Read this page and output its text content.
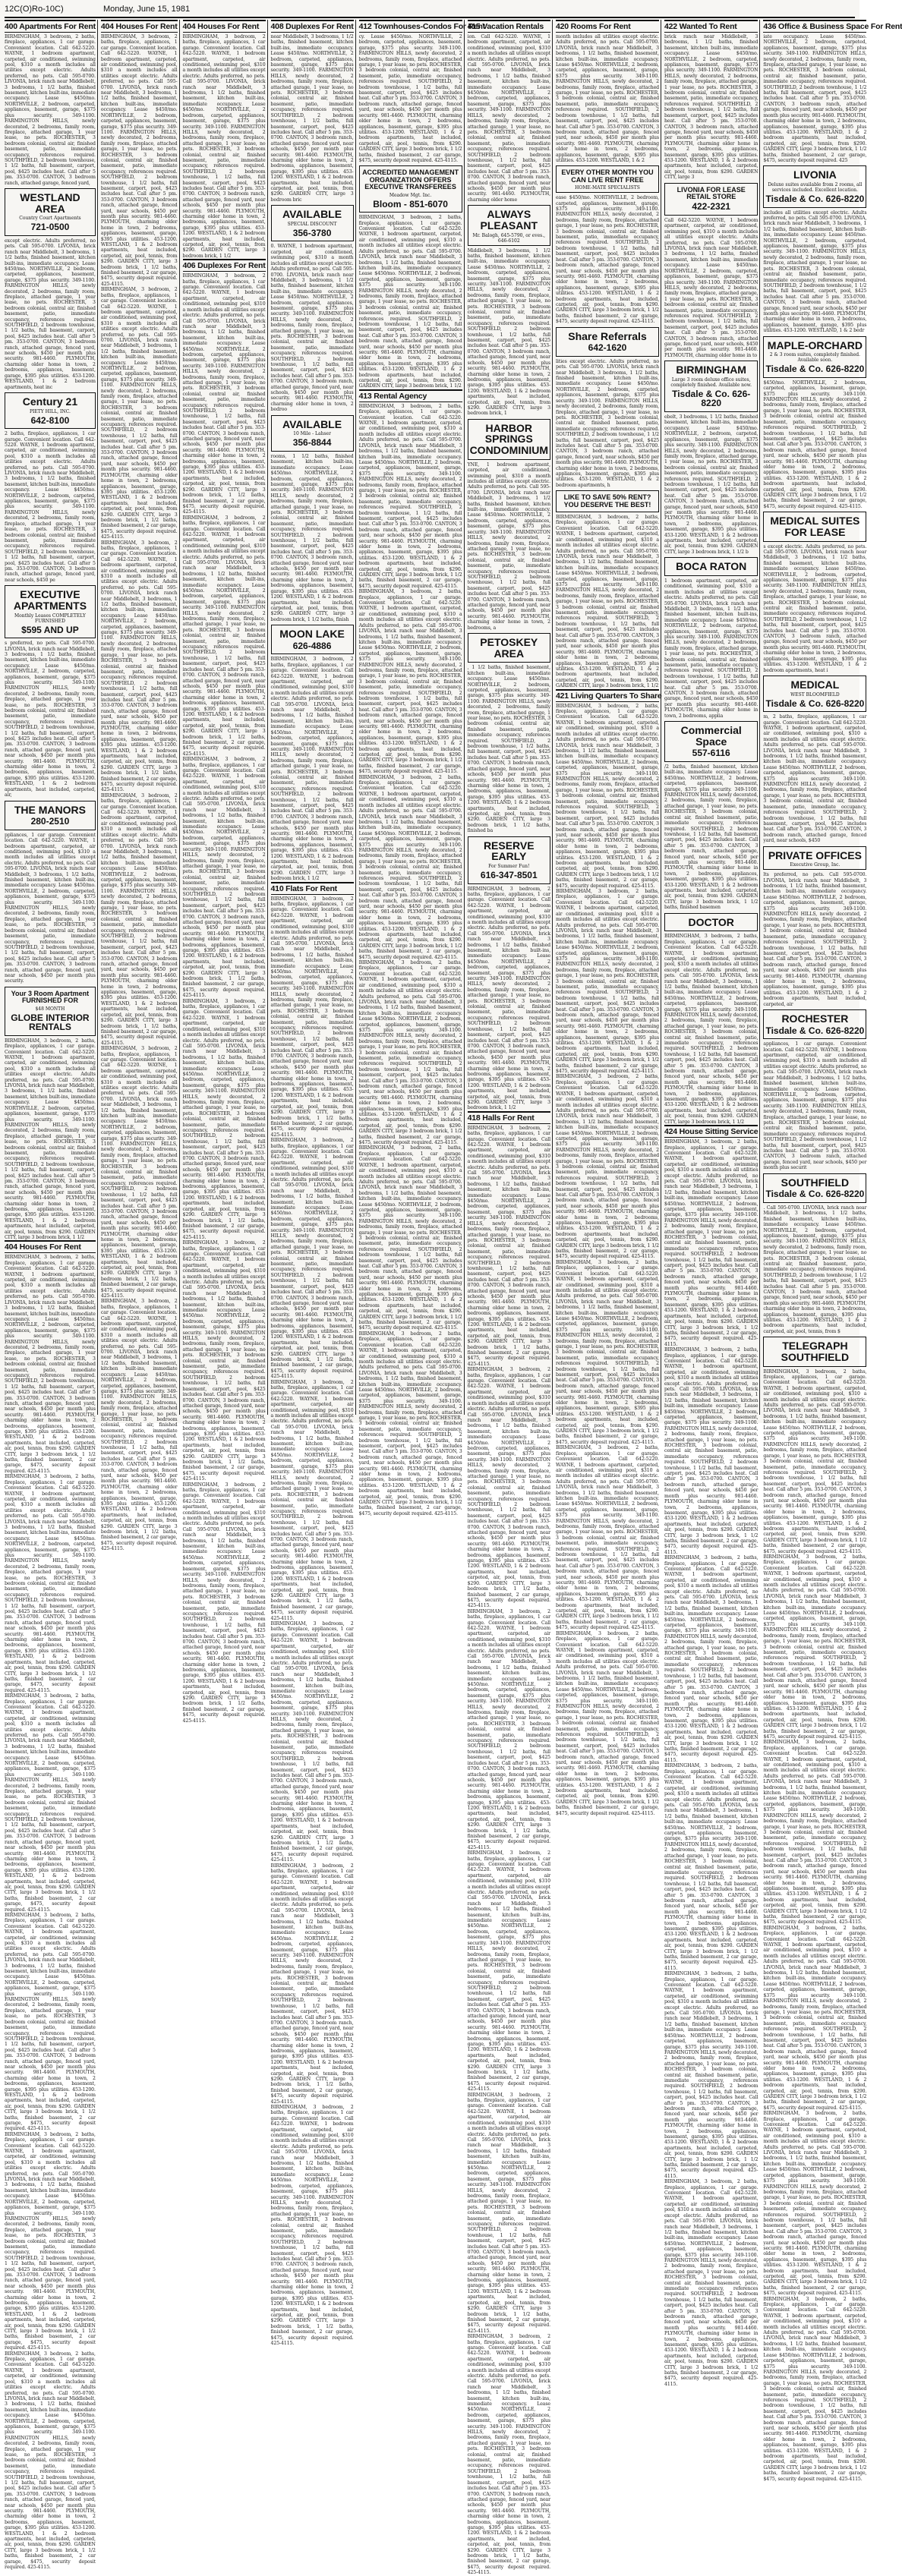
12C(O)Ro-10C)	Monday, June 15, 1981
400 Apartments For Rent
BIRMINGHAM, 3 bedroom, 2 baths, fireplace, appliances, 1 car garage. Convenient location. Call 642-5220. WAYNE, 1 bedroom apartment, carpeted, air conditioned, swimming pool, $310 a month includes all utilities except electric. Adults preferred, no pets. Call 595-0700. LIVONIA, brick ranch near Middlebelt, 3 bedrooms, 1 1/2 baths, finished basement, kitchen built-ins, immediate occupancy. Lease $450/mo. NORTHVILLE, 2 bedroom, carpeted, appliances, basement, garage, $375 plus security. 349-1100. FARMINGTON HILLS, newly decorated, 2 bedrooms, family room, fireplace, attached garage, 1 year lease, no pets. ROCHESTER, 3 bedroom colonial, central air, finished basement, patio, immediate occupancy, references required. SOUTHFIELD, 2 bedroom townhouse, 1 1/2 baths, full basement, carport, pool, $425 includes heat. Call after 5 pm. 353-0700. CANTON, 3 bedroom ranch, attached garage, fenced yard,
WESTLAND AREA
Country Court Apartments
721-0500
except electric. Adults preferred, no pets. Call 595-0700. LIVONIA, brick ranch near Middlebelt, 3 bedrooms, 1 1/2 baths, finished basement, kitchen built-ins, immediate occupancy. Lease $450/mo. NORTHVILLE, 2 bedroom, carpeted, appliances, basement, garage, $375 plus security. 349-1100. FARMINGTON HILLS, newly decorated, 2 bedrooms, family room, fireplace, attached garage, 1 year lease, no pets. ROCHESTER, 3 bedroom colonial, central air, finished basement, patio, immediate occupancy, references required. SOUTHFIELD, 2 bedroom townhouse, 1 1/2 baths, full basement, carport, pool, $425 includes heat. Call after 5 pm. 353-0700. CANTON, 3 bedroom ranch, attached garage, fenced yard, near schools, $450 per month plus security. 981-4460. PLYMOUTH, charming older home in town, 2 bedrooms, appliances, basement, garage, $395 plus utilities. 453-1200. WESTLAND, 1 & 2 bedroom apartments, heat inc
Century 21
PIETY HILL, INC.
642-8100
2 baths, fireplace, appliances, 1 car garage. Convenient location. Call 642-5220. WAYNE, 1 bedroom apartment, carpeted, air conditioned, swimming pool, $310 a month includes all utilities except electric. Adults preferred, no pets. Call 595-0700. LIVONIA, brick ranch near Middlebelt, 3 bedrooms, 1 1/2 baths, finished basement, kitchen built-ins, immediate occupancy. Lease $450/mo. NORTHVILLE, 2 bedroom, carpeted, appliances, basement, garage, $375 plus security. 349-1100. FARMINGTON HILLS, newly decorated, 2 bedrooms, family room, fireplace, attached garage, 1 year lease, no pets. ROCHESTER, 3 bedroom colonial, central air, finished basement, patio, immediate occupancy, references required. SOUTHFIELD, 2 bedroom townhouse, 1 1/2 baths, full basement, carport, pool, $425 includes heat. Call after 5 pm. 353-0700. CANTON, 3 bedroom ranch, attached garage, fenced yard, near schools, $450 pe
EXECUTIVE APARTMENTS
Monthly Leases COMPLETELY FURNISHED
$595 AND UP
s preferred, no pets. Call 595-0700. LIVONIA, brick ranch near Middlebelt, 3 bedrooms, 1 1/2 baths, finished basement, kitchen built-ins, immediate occupancy. Lease $450/mo. NORTHVILLE, 2 bedroom, carpeted, appliances, basement, garage, $375 plus security. 349-1100. FARMINGTON HILLS, newly decorated, 2 bedrooms, family room, fireplace, attached garage, 1 year lease, no pets. ROCHESTER, 3 bedroom colonial, central air, finished basement, patio, immediate occupancy, references required. SOUTHFIELD, 2 bedroom townhouse, 1 1/2 baths, full basement, carport, pool, $425 includes heat. Call after 5 pm. 353-0700. CANTON, 3 bedroom ranch, attached garage, fenced yard, near schools, $450 per month plus security. 981-4460. PLYMOUTH, charming older home in town, 2 bedrooms, appliances, basement, garage, $395 plus utilities. 453-1200. WESTLAND, 1 & 2 bedroom apartments, heat included, carpeted, air,
THE MANORS
280-2510
ppliances, 1 car garage. Convenient location. Call 642-5220. WAYNE, 1 bedroom apartment, carpeted, air conditioned, swimming pool, $310 a month includes all utilities except electric. Adults preferred, no pets. Call 595-0700. LIVONIA, brick ranch near Middlebelt, 3 bedrooms, 1 1/2 baths, finished basement, kitchen built-ins, immediate occupancy. Lease $450/mo. NORTHVILLE, 2 bedroom, carpeted, appliances, basement, garage, $375 plus security. 349-1100. FARMINGTON HILLS, newly decorated, 2 bedrooms, family room, fireplace, attached garage, 1 year lease, no pets. ROCHESTER, 3 bedroom colonial, central air, finished basement, patio, immediate occupancy, references required. SOUTHFIELD, 2 bedroom townhouse, 1 1/2 baths, full basement, carport, pool, $425 includes heat. Call after 5 pm. 353-0700. CANTON, 3 bedroom ranch, attached garage, fenced yard, near schools, $450 per month plus security.
Your 3 Room Apartment FURNISHED FOR
$48 MONTH
GLOBE INTERIOR RENTALS
BIRMINGHAM, 3 bedroom, 2 baths, fireplace, appliances, 1 car garage. Convenient location. Call 642-5220. WAYNE, 1 bedroom apartment, carpeted, air conditioned, swimming pool, $310 a month includes all utilities except electric. Adults preferred, no pets. Call 595-0700. LIVONIA, brick ranch near Middlebelt, 3 bedrooms, 1 1/2 baths, finished basement, kitchen built-ins, immediate occupancy. Lease $450/mo. NORTHVILLE, 2 bedroom, carpeted, appliances, basement, garage, $375 plus security. 349-1100. FARMINGTON HILLS, newly decorated, 2 bedrooms, family room, fireplace, attached garage, 1 year lease, no pets. ROCHESTER, 3 bedroom colonial, central air, finished basement, patio, immediate occupancy, references required. SOUTHFIELD, 2 bedroom townhouse, 1 1/2 baths, full basement, carport, pool, $425 includes heat. Call after 5 pm. 353-0700. CANTON, 3 bedroom ranch, attached garage, fenced yard, near schools, $450 per month plus security. 981-4460. PLYMOUTH, charming older home in town, 2 bedrooms, appliances, basement, garage, $395 plus utilities. 453-1200. WESTLAND, 1 & 2 bedroom apartments, heat included, carpeted, air, pool, tennis, from $290. GARDEN CITY, large 3 bedroom brick, 1 1/2
404 Houses For Rent
BIRMINGHAM, 3 bedroom, 2 baths, fireplace, appliances, 1 car garage. Convenient location. Call 642-5220. WAYNE, 1 bedroom apartment, carpeted, air conditioned, swimming pool, $310 a month includes all utilities except electric. Adults preferred, no pets. Call 595-0700. LIVONIA, brick ranch near Middlebelt, 3 bedrooms, 1 1/2 baths, finished basement, kitchen built-ins, immediate occupancy. Lease $450/mo. NORTHVILLE, 2 bedroom, carpeted, appliances, basement, garage, $375 plus security. 349-1100. FARMINGTON HILLS, newly decorated, 2 bedrooms, family room, fireplace, attached garage, 1 year lease, no pets. ROCHESTER, 3 bedroom colonial, central air, finished basement, patio, immediate occupancy, references required. SOUTHFIELD, 2 bedroom townhouse, 1 1/2 baths, full basement, carport, pool, $425 includes heat. Call after 5 pm. 353-0700. CANTON, 3 bedroom ranch, attached garage, fenced yard, near schools, $450 per month plus security. 981-4460. PLYMOUTH, charming older home in town, 2 bedrooms, appliances, basement, garage, $395 plus utilities. 453-1200. WESTLAND, 1 & 2 bedroom apartments, heat included, carpeted, air, pool, tennis, from $290. GARDEN CITY, large 3 bedroom brick, 1 1/2 baths, finished basement, 2 car garage, $475, security deposit required. 425-4115.
BIRMINGHAM, 3 bedroom, 2 baths, fireplace, appliances, 1 car garage. Convenient location. Call 642-5220. WAYNE, 1 bedroom apartment, carpeted, air conditioned, swimming pool, $310 a month includes all utilities except electric. Adults preferred, no pets. Call 595-0700. LIVONIA, brick ranch near Middlebelt, 3 bedrooms, 1 1/2 baths, finished basement, kitchen built-ins, immediate occupancy. Lease $450/mo. NORTHVILLE, 2 bedroom, carpeted, appliances, basement, garage, $375 plus security. 349-1100. FARMINGTON HILLS, newly decorated, 2 bedrooms, family room, fireplace, attached garage, 1 year lease, no pets. ROCHESTER, 3 bedroom colonial, central air, finished basement, patio, immediate occupancy, references required. SOUTHFIELD, 2 bedroom townhouse, 1 1/2 baths, full basement, carport, pool, $425 includes heat. Call after 5 pm. 353-0700. CANTON, 3 bedroom ranch, attached garage, fenced yard, near schools, $450 per month plus security. 981-4460. PLYMOUTH, charming older home in town, 2 bedrooms, appliances, basement, garage, $395 plus utilities. 453-1200. WESTLAND, 1 & 2 bedroom apartments, heat included, carpeted, air, pool, tennis, from $290. GARDEN CITY, large 3 bedroom brick, 1 1/2 baths, finished basement, 2 car garage, $475, security deposit required. 425-4115.
BIRMINGHAM, 3 bedroom, 2 baths, fireplace, appliances, 1 car garage. Convenient location. Call 642-5220. WAYNE, 1 bedroom apartment, carpeted, air conditioned, swimming pool, $310 a month includes all utilities except electric. Adults preferred, no pets. Call 595-0700. LIVONIA, brick ranch near Middlebelt, 3 bedrooms, 1 1/2 baths, finished basement, kitchen built-ins, immediate occupancy. Lease $450/mo. NORTHVILLE, 2 bedroom, carpeted, appliances, basement, garage, $375 plus security. 349-1100. FARMINGTON HILLS, newly decorated, 2 bedrooms, family room, fireplace, attached garage, 1 year lease, no pets. ROCHESTER, 3 bedroom colonial, central air, finished basement, patio, immediate occupancy, references required. SOUTHFIELD, 2 bedroom townhouse, 1 1/2 baths, full basement, carport, pool, $425 includes heat. Call after 5 pm. 353-0700. CANTON, 3 bedroom ranch, attached garage, fenced yard, near schools, $450 per month plus security. 981-4460. PLYMOUTH, charming older home in town, 2 bedrooms, appliances, basement, garage, $395 plus utilities. 453-1200. WESTLAND, 1 & 2 bedroom apartments, heat included, carpeted, air, pool, tennis, from $290. GARDEN CITY, large 3 bedroom brick, 1 1/2 baths, finished basement, 2 car garage, $475, security deposit required. 425-4115.
BIRMINGHAM, 3 bedroom, 2 baths, fireplace, appliances, 1 car garage. Convenient location. Call 642-5220. WAYNE, 1 bedroom apartment, carpeted, air conditioned, swimming pool, $310 a month includes all utilities except electric. Adults preferred, no pets. Call 595-0700. LIVONIA, brick ranch near Middlebelt, 3 bedrooms, 1 1/2 baths, finished basement, kitchen built-ins, immediate occupancy. Lease $450/mo. NORTHVILLE, 2 bedroom, carpeted, appliances, basement, garage, $375 plus security. 349-1100. FARMINGTON HILLS, newly decorated, 2 bedrooms, family room, fireplace, attached garage, 1 year lease, no pets. ROCHESTER, 3 bedroom colonial, central air, finished basement, patio, immediate occupancy, references required. SOUTHFIELD, 2 bedroom townhouse, 1 1/2 baths, full basement, carport, pool, $425 includes heat. Call after 5 pm. 353-0700. CANTON, 3 bedroom ranch, attached garage, fenced yard, near schools, $450 per month plus security. 981-4460. PLYMOUTH, charming older home in town, 2 bedrooms, appliances, basement, garage, $395 plus utilities. 453-1200. WESTLAND, 1 & 2 bedroom apartments, heat included, carpeted, air, pool, tennis, from $290. GARDEN CITY, large 3 bedroom brick, 1 1/2 baths, finished basement, 2 car garage, $475, security deposit required. 425-4115.
BIRMINGHAM, 3 bedroom, 2 baths, fireplace, appliances, 1 car garage. Convenient location. Call 642-5220. WAYNE, 1 bedroom apartment, carpeted, air conditioned, swimming pool, $310 a month includes all utilities except electric. Adults preferred, no pets. Call 595-0700. LIVONIA, brick ranch near Middlebelt, 3 bedrooms, 1 1/2 baths, finished basement, kitchen built-ins, immediate occupancy. Lease $450/mo. NORTHVILLE, 2 bedroom, carpeted, appliances, basement, garage, $375 plus security. 349-1100. FARMINGTON HILLS, newly decorated, 2 bedrooms, family room, fireplace, attached garage, 1 year lease, no pets. ROCHESTER, 3 bedroom colonial, central air, finished basement, patio, immediate occupancy, references required. SOUTHFIELD, 2 bedroom townhouse, 1 1/2 baths, full basement, carport, pool, $425 includes heat. Call after 5 pm. 353-0700. CANTON, 3 bedroom ranch, attached garage, fenced yard, near schools, $450 per month plus security. 981-4460. PLYMOUTH, charming older home in town, 2 bedrooms, appliances, basement, garage, $395 plus utilities. 453-1200. WESTLAND, 1 & 2 bedroom apartments, heat included, carpeted, air, pool, tennis, from $290. GARDEN CITY, large 3 bedroom brick, 1 1/2 baths, finished basement, 2 car garage, $475, security deposit required. 425-4115.
BIRMINGHAM, 3 bedroom, 2 baths, fireplace, appliances, 1 car garage. Convenient location. Call 642-5220. WAYNE, 1 bedroom apartment, carpeted, air conditioned, swimming pool, $310 a month includes all utilities except electric. Adults preferred, no pets. Call 595-0700. LIVONIA, brick ranch near Middlebelt, 3 bedrooms, 1 1/2 baths, finished basement, kitchen built-ins, immediate occupancy. Lease $450/mo. NORTHVILLE, 2 bedroom, carpeted, appliances, basement, garage, $375 plus security. 349-1100. FARMINGTON HILLS, newly decorated, 2 bedrooms, family room, fireplace, attached garage, 1 year lease, no pets. ROCHESTER, 3 bedroom colonial, central air, finished basement, patio, immediate occupancy, references required. SOUTHFIELD, 2 bedroom townhouse, 1 1/2 baths, full basement, carport, pool, $425 includes heat. Call after 5 pm. 353-0700. CANTON, 3 bedroom ranch, attached garage, fenced yard, near schools, $450 per month plus security. 981-4460. PLYMOUTH, charming older home in town, 2 bedrooms, appliances, basement, garage, $395 plus utilities. 453-1200. WESTLAND, 1 & 2 bedroom apartments, heat included, carpeted, air, pool, tennis, from $290. GARDEN CITY, large 3 bedroom brick, 1 1/2 baths, finished basement, 2 car garage, $475, security deposit required. 425-4115.
404 Houses For Rent
BIRMINGHAM, 3 bedroom, 2 baths, fireplace, appliances, 1 car garage. Convenient location. Call 642-5220. WAYNE, 1 bedroom apartment, carpeted, air conditioned, swimming pool, $310 a month includes all utilities except electric. Adults preferred, no pets. Call 595-0700. LIVONIA, brick ranch near Middlebelt, 3 bedrooms, 1 1/2 baths, finished basement, kitchen built-ins, immediate occupancy. Lease $450/mo. NORTHVILLE, 2 bedroom, carpeted, appliances, basement, garage, $375 plus security. 349-1100. FARMINGTON HILLS, newly decorated, 2 bedrooms, family room, fireplace, attached garage, 1 year lease, no pets. ROCHESTER, 3 bedroom colonial, central air, finished basement, patio, immediate occupancy, references required. SOUTHFIELD, 2 bedroom townhouse, 1 1/2 baths, full basement, carport, pool, $425 includes heat. Call after 5 pm. 353-0700. CANTON, 3 bedroom ranch, attached garage, fenced yard, near schools, $450 per month plus security. 981-4460. PLYMOUTH, charming older home in town, 2 bedrooms, appliances, basement, garage, $395 plus utilities. 453-1200. WESTLAND, 1 & 2 bedroom apartments, heat included, carpeted, air, pool, tennis, from $290. GARDEN CITY, large 3 bedroom brick, 1 1/2 baths, finished basement, 2 car garage, $475, security deposit required. 425-4115.
BIRMINGHAM, 3 bedroom, 2 baths, fireplace, appliances, 1 car garage. Convenient location. Call 642-5220. WAYNE, 1 bedroom apartment, carpeted, air conditioned, swimming pool, $310 a month includes all utilities except electric. Adults preferred, no pets. Call 595-0700. LIVONIA, brick ranch near Middlebelt, 3 bedrooms, 1 1/2 baths, finished basement, kitchen built-ins, immediate occupancy. Lease $450/mo. NORTHVILLE, 2 bedroom, carpeted, appliances, basement, garage, $375 plus security. 349-1100. FARMINGTON HILLS, newly decorated, 2 bedrooms, family room, fireplace, attached garage, 1 year lease, no pets. ROCHESTER, 3 bedroom colonial, central air, finished basement, patio, immediate occupancy, references required. SOUTHFIELD, 2 bedroom townhouse, 1 1/2 baths, full basement, carport, pool, $425 includes heat. Call after 5 pm. 353-0700. CANTON, 3 bedroom ranch, attached garage, fenced yard, near schools, $450 per month plus security. 981-4460. PLYMOUTH, charming older home in town, 2 bedrooms, appliances, basement, garage, $395 plus utilities. 453-1200. WESTLAND, 1 & 2 bedroom apartments, heat included, carpeted, air, pool, tennis, from $290. GARDEN CITY, large 3 bedroom brick, 1 1/2 baths, finished basement, 2 car garage, $475, security deposit required. 425-4115.
BIRMINGHAM, 3 bedroom, 2 baths, fireplace, appliances, 1 car garage. Convenient location. Call 642-5220. WAYNE, 1 bedroom apartment, carpeted, air conditioned, swimming pool, $310 a month includes all utilities except electric. Adults preferred, no pets. Call 595-0700. LIVONIA, brick ranch near Middlebelt, 3 bedrooms, 1 1/2 baths, finished basement, kitchen built-ins, immediate occupancy. Lease $450/mo. NORTHVILLE, 2 bedroom, carpeted, appliances, basement, garage, $375 plus security. 349-1100. FARMINGTON HILLS, newly decorated, 2 bedrooms, family room, fireplace, attached garage, 1 year lease, no pets. ROCHESTER, 3 bedroom colonial, central air, finished basement, patio, immediate occupancy, references required. SOUTHFIELD, 2 bedroom townhouse, 1 1/2 baths, full basement, carport, pool, $425 includes heat. Call after 5 pm. 353-0700. CANTON, 3 bedroom ranch, attached garage, fenced yard, near schools, $450 per month plus security. 981-4460. PLYMOUTH, charming older home in town, 2 bedrooms, appliances, basement, garage, $395 plus utilities. 453-1200. WESTLAND, 1 & 2 bedroom apartments, heat included, carpeted, air, pool, tennis, from $290. GARDEN CITY, large 3 bedroom brick, 1 1/2 baths, finished basement, 2 car garage, $475, security deposit required. 425-4115.
BIRMINGHAM, 3 bedroom, 2 baths, fireplace, appliances, 1 car garage. Convenient location. Call 642-5220. WAYNE, 1 bedroom apartment, carpeted, air conditioned, swimming pool, $310 a month includes all utilities except electric. Adults preferred, no pets. Call 595-0700. LIVONIA, brick ranch near Middlebelt, 3 bedrooms, 1 1/2 baths, finished basement, kitchen built-ins, immediate occupancy. Lease $450/mo. NORTHVILLE, 2 bedroom, carpeted, appliances, basement, garage, $375 plus security. 349-1100. FARMINGTON HILLS, newly decorated, 2 bedrooms, family room, fireplace, attached garage, 1 year lease, no pets. ROCHESTER, 3 bedroom colonial, central air, finished basement, patio, immediate occupancy, references required. SOUTHFIELD, 2 bedroom townhouse, 1 1/2 baths, full basement, carport, pool, $425 includes heat. Call after 5 pm. 353-0700. CANTON, 3 bedroom ranch, attached garage, fenced yard, near schools, $450 per month plus security. 981-4460. PLYMOUTH, charming older home in town, 2 bedrooms, appliances, basement, garage, $395 plus utilities. 453-1200. WESTLAND, 1 & 2 bedroom apartments, heat included, carpeted, air, pool, tennis, from $290. GARDEN CITY, large 3 bedroom brick, 1 1/2 baths, finished basement, 2 car garage, $475, security deposit required. 425-4115.
BIRMINGHAM, 3 bedroom, 2 baths, fireplace, appliances, 1 car garage. Convenient location. Call 642-5220. WAYNE, 1 bedroom apartment, carpeted, air conditioned, swimming pool, $310 a month includes all utilities except electric. Adults preferred, no pets. Call 595-0700. LIVONIA, brick ranch near Middlebelt, 3 bedrooms, 1 1/2 baths, finished basement, kitchen built-ins, immediate occupancy. Lease $450/mo. NORTHVILLE, 2 bedroom, carpeted, appliances, basement, garage, $375 plus security. 349-1100. FARMINGTON HILLS, newly decorated, 2 bedrooms, family room, fireplace, attached garage, 1 year lease, no pets. ROCHESTER, 3 bedroom colonial, central air, finished basement, patio, immediate occupancy, references required. SOUTHFIELD, 2 bedroom townhouse, 1 1/2 baths, full basement, carport, pool, $425 includes heat. Call after 5 pm. 353-0700. CANTON, 3 bedroom ranch, attached garage, fenced yard, near schools, $450 per month plus security. 981-4460. PLYMOUTH, charming older home in town, 2 bedrooms, appliances, basement, garage, $395 plus utilities. 453-1200. WESTLAND, 1 & 2 bedroom apartments, heat included, carpeted, air, pool, tennis, from $290. GARDEN CITY, large 3 bedroom brick, 1 1/2 baths, finished basement, 2 car garage, $475, security deposit required. 425-4115.
BIRMINGHAM, 3 bedroom, 2 baths, fireplace, appliances, 1 car garage. Convenient location. Call 642-5220. WAYNE, 1 bedroom apartment, carpeted, air conditioned, swimming pool, $310 a month includes all utilities except electric. Adults preferred, no pets. Call 595-0700. LIVONIA, brick ranch near Middlebelt, 3 bedrooms, 1 1/2 baths, finished basement, kitchen built-ins, immediate occupancy. Lease $450/mo. NORTHVILLE, 2 bedroom, carpeted, appliances, basement, garage, $375 plus security. 349-1100. FARMINGTON HILLS, newly decorated, 2 bedrooms, family room, fireplace, attached garage, 1 year lease, no pets. ROCHESTER, 3 bedroom colonial, central air, finished basement, patio, immediate occupancy, references required. SOUTHFIELD, 2 bedroom townhouse, 1 1/2 baths, full basement, carport, pool, $425 includes heat. Call after 5 pm. 353-0700. CANTON, 3 bedroom ranch, attached garage, fenced yard, near schools, $450 per month plus security. 981-4460. PLYMOUTH, charming older home in town, 2 bedrooms, appliances, basement, garage, $395 plus utilities. 453-1200. WESTLAND, 1 & 2 bedroom apartments, heat included, carpeted, air, pool, tennis, from $290. GARDEN CITY, large 3 bedroom brick, 1 1/2 baths, finished basement, 2 car garage, $475, security deposit required. 425-4115.
404 Houses For Rent
BIRMINGHAM, 3 bedroom, 2 baths, fireplace, appliances, 1 car garage. Convenient location. Call 642-5220. WAYNE, 1 bedroom apartment, carpeted, air conditioned, swimming pool, $310 a month includes all utilities except electric. Adults preferred, no pets. Call 595-0700. LIVONIA, brick ranch near Middlebelt, 3 bedrooms, 1 1/2 baths, finished basement, kitchen built-ins, immediate occupancy. Lease $450/mo. NORTHVILLE, 2 bedroom, carpeted, appliances, basement, garage, $375 plus security. 349-1100. FARMINGTON HILLS, newly decorated, 2 bedrooms, family room, fireplace, attached garage, 1 year lease, no pets. ROCHESTER, 3 bedroom colonial, central air, finished basement, patio, immediate occupancy, references required. SOUTHFIELD, 2 bedroom townhouse, 1 1/2 baths, full basement, carport, pool, $425 includes heat. Call after 5 pm. 353-0700. CANTON, 3 bedroom ranch, attached garage, fenced yard, near schools, $450 per month plus security. 981-4460. PLYMOUTH, charming older home in town, 2 bedrooms, appliances, basement, garage, $395 plus utilities. 453-1200. WESTLAND, 1 & 2 bedroom apartments, heat included, carpeted, air, pool, tennis, from $290. GARDEN CITY, large 3 bedroom brick, 1 1/2
406 Duplexes For Rent
BIRMINGHAM, 3 bedroom, 2 baths, fireplace, appliances, 1 car garage. Convenient location. Call 642-5220. WAYNE, 1 bedroom apartment, carpeted, air conditioned, swimming pool, $310 a month includes all utilities except electric. Adults preferred, no pets. Call 595-0700. LIVONIA, brick ranch near Middlebelt, 3 bedrooms, 1 1/2 baths, finished basement, kitchen built-ins, immediate occupancy. Lease $450/mo. NORTHVILLE, 2 bedroom, carpeted, appliances, basement, garage, $375 plus security. 349-1100. FARMINGTON HILLS, newly decorated, 2 bedrooms, family room, fireplace, attached garage, 1 year lease, no pets. ROCHESTER, 3 bedroom colonial, central air, finished basement, patio, immediate occupancy, references required. SOUTHFIELD, 2 bedroom townhouse, 1 1/2 baths, full basement, carport, pool, $425 includes heat. Call after 5 pm. 353-0700. CANTON, 3 bedroom ranch, attached garage, fenced yard, near schools, $450 per month plus security. 981-4460. PLYMOUTH, charming older home in town, 2 bedrooms, appliances, basement, garage, $395 plus utilities. 453-1200. WESTLAND, 1 & 2 bedroom apartments, heat included, carpeted, air, pool, tennis, from $290. GARDEN CITY, large 3 bedroom brick, 1 1/2 baths, finished basement, 2 car garage, $475, security deposit required. 425-4115.
BIRMINGHAM, 3 bedroom, 2 baths, fireplace, appliances, 1 car garage. Convenient location. Call 642-5220. WAYNE, 1 bedroom apartment, carpeted, air conditioned, swimming pool, $310 a month includes all utilities except electric. Adults preferred, no pets. Call 595-0700. LIVONIA, brick ranch near Middlebelt, 3 bedrooms, 1 1/2 baths, finished basement, kitchen built-ins, immediate occupancy. Lease $450/mo. NORTHVILLE, 2 bedroom, carpeted, appliances, basement, garage, $375 plus security. 349-1100. FARMINGTON HILLS, newly decorated, 2 bedrooms, family room, fireplace, attached garage, 1 year lease, no pets. ROCHESTER, 3 bedroom colonial, central air, finished basement, patio, immediate occupancy, references required. SOUTHFIELD, 2 bedroom townhouse, 1 1/2 baths, full basement, carport, pool, $425 includes heat. Call after 5 pm. 353-0700. CANTON, 3 bedroom ranch, attached garage, fenced yard, near schools, $450 per month plus security. 981-4460. PLYMOUTH, charming older home in town, 2 bedrooms, appliances, basement, garage, $395 plus utilities. 453-1200. WESTLAND, 1 & 2 bedroom apartments, heat included, carpeted, air, pool, tennis, from $290. GARDEN CITY, large 3 bedroom brick, 1 1/2 baths, finished basement, 2 car garage, $475, security deposit required. 425-4115.
BIRMINGHAM, 3 bedroom, 2 baths, fireplace, appliances, 1 car garage. Convenient location. Call 642-5220. WAYNE, 1 bedroom apartment, carpeted, air conditioned, swimming pool, $310 a month includes all utilities except electric. Adults preferred, no pets. Call 595-0700. LIVONIA, brick ranch near Middlebelt, 3 bedrooms, 1 1/2 baths, finished basement, kitchen built-ins, immediate occupancy. Lease $450/mo. NORTHVILLE, 2 bedroom, carpeted, appliances, basement, garage, $375 plus security. 349-1100. FARMINGTON HILLS, newly decorated, 2 bedrooms, family room, fireplace, attached garage, 1 year lease, no pets. ROCHESTER, 3 bedroom colonial, central air, finished basement, patio, immediate occupancy, references required. SOUTHFIELD, 2 bedroom townhouse, 1 1/2 baths, full basement, carport, pool, $425 includes heat. Call after 5 pm. 353-0700. CANTON, 3 bedroom ranch, attached garage, fenced yard, near schools, $450 per month plus security. 981-4460. PLYMOUTH, charming older home in town, 2 bedrooms, appliances, basement, garage, $395 plus utilities. 453-1200. WESTLAND, 1 & 2 bedroom apartments, heat included, carpeted, air, pool, tennis, from $290. GARDEN CITY, large 3 bedroom brick, 1 1/2 baths, finished basement, 2 car garage, $475, security deposit required. 425-4115.
BIRMINGHAM, 3 bedroom, 2 baths, fireplace, appliances, 1 car garage. Convenient location. Call 642-5220. WAYNE, 1 bedroom apartment, carpeted, air conditioned, swimming pool, $310 a month includes all utilities except electric. Adults preferred, no pets. Call 595-0700. LIVONIA, brick ranch near Middlebelt, 3 bedrooms, 1 1/2 baths, finished basement, kitchen built-ins, immediate occupancy. Lease $450/mo. NORTHVILLE, 2 bedroom, carpeted, appliances, basement, garage, $375 plus security. 349-1100. FARMINGTON HILLS, newly decorated, 2 bedrooms, family room, fireplace, attached garage, 1 year lease, no pets. ROCHESTER, 3 bedroom colonial, central air, finished basement, patio, immediate occupancy, references required. SOUTHFIELD, 2 bedroom townhouse, 1 1/2 baths, full basement, carport, pool, $425 includes heat. Call after 5 pm. 353-0700. CANTON, 3 bedroom ranch, attached garage, fenced yard, near schools, $450 per month plus security. 981-4460. PLYMOUTH, charming older home in town, 2 bedrooms, appliances, basement, garage, $395 plus utilities. 453-1200. WESTLAND, 1 & 2 bedroom apartments, heat included, carpeted, air, pool, tennis, from $290. GARDEN CITY, large 3 bedroom brick, 1 1/2 baths, finished basement, 2 car garage, $475, security deposit required. 425-4115.
BIRMINGHAM, 3 bedroom, 2 baths, fireplace, appliances, 1 car garage. Convenient location. Call 642-5220. WAYNE, 1 bedroom apartment, carpeted, air conditioned, swimming pool, $310 a month includes all utilities except electric. Adults preferred, no pets. Call 595-0700. LIVONIA, brick ranch near Middlebelt, 3 bedrooms, 1 1/2 baths, finished basement, kitchen built-ins, immediate occupancy. Lease $450/mo. NORTHVILLE, 2 bedroom, carpeted, appliances, basement, garage, $375 plus security. 349-1100. FARMINGTON HILLS, newly decorated, 2 bedrooms, family room, fireplace, attached garage, 1 year lease, no pets. ROCHESTER, 3 bedroom colonial, central air, finished basement, patio, immediate occupancy, references required. SOUTHFIELD, 2 bedroom townhouse, 1 1/2 baths, full basement, carport, pool, $425 includes heat. Call after 5 pm. 353-0700. CANTON, 3 bedroom ranch, attached garage, fenced yard, near schools, $450 per month plus security. 981-4460. PLYMOUTH, charming older home in town, 2 bedrooms, appliances, basement, garage, $395 plus utilities. 453-1200. WESTLAND, 1 & 2 bedroom apartments, heat included, carpeted, air, pool, tennis, from $290. GARDEN CITY, large 3 bedroom brick, 1 1/2 baths, finished basement, 2 car garage, $475, security deposit required. 425-4115.
BIRMINGHAM, 3 bedroom, 2 baths, fireplace, appliances, 1 car garage. Convenient location. Call 642-5220. WAYNE, 1 bedroom apartment, carpeted, air conditioned, swimming pool, $310 a month includes all utilities except electric. Adults preferred, no pets. Call 595-0700. LIVONIA, brick ranch near Middlebelt, 3 bedrooms, 1 1/2 baths, finished basement, kitchen built-ins, immediate occupancy. Lease $450/mo. NORTHVILLE, 2 bedroom, carpeted, appliances, basement, garage, $375 plus security. 349-1100. FARMINGTON HILLS, newly decorated, 2 bedrooms, family room, fireplace, attached garage, 1 year lease, no pets. ROCHESTER, 3 bedroom colonial, central air, finished basement, patio, immediate occupancy, references required. SOUTHFIELD, 2 bedroom townhouse, 1 1/2 baths, full basement, carport, pool, $425 includes heat. Call after 5 pm. 353-0700. CANTON, 3 bedroom ranch, attached garage, fenced yard, near schools, $450 per month plus security. 981-4460. PLYMOUTH, charming older home in town, 2 bedrooms, appliances, basement, garage, $395 plus utilities. 453-1200. WESTLAND, 1 & 2 bedroom apartments, heat included, carpeted, air, pool, tennis, from $290. GARDEN CITY, large 3 bedroom brick, 1 1/2 baths, finished basement, 2 car garage, $475, security deposit required. 425-4115.
408 Duplexes For Rent
near Middlebelt, 3 bedrooms, 1 1/2 baths, finished basement, kitchen built-ins, immediate occupancy. Lease $450/mo. NORTHVILLE, 2 bedroom, carpeted, appliances, basement, garage, $375 plus security. 349-1100. FARMINGTON HILLS, newly decorated, 2 bedrooms, family room, fireplace, attached garage, 1 year lease, no pets. ROCHESTER, 3 bedroom colonial, central air, finished basement, patio, immediate occupancy, references required. SOUTHFIELD, 2 bedroom townhouse, 1 1/2 baths, full basement, carport, pool, $425 includes heat. Call after 5 pm. 353-0700. CANTON, 3 bedroom ranch, attached garage, fenced yard, near schools, $450 per month plus security. 981-4460. PLYMOUTH, charming older home in town, 2 bedrooms, appliances, basement, garage, $395 plus utilities. 453-1200. WESTLAND, 1 & 2 bedroom apartments, heat included, carpeted, air, pool, tennis, from $290. GARDEN CITY, large 3 bedroom bric
AVAILABLE
SPECIAL DISCOUNT
356-3780
0. WAYNE, 1 bedroom apartment, carpeted, air conditioned, swimming pool, $310 a month includes all utilities except electric. Adults preferred, no pets. Call 595-0700. LIVONIA, brick ranch near Middlebelt, 3 bedrooms, 1 1/2 baths, finished basement, kitchen built-ins, immediate occupancy. Lease $450/mo. NORTHVILLE, 2 bedroom, carpeted, appliances, basement, garage, $375 plus security. 349-1100. FARMINGTON HILLS, newly decorated, 2 bedrooms, family room, fireplace, attached garage, 1 year lease, no pets. ROCHESTER, 3 bedroom colonial, central air, finished basement, patio, immediate occupancy, references required. SOUTHFIELD, 2 bedroom townhouse, 1 1/2 baths, full basement, carport, pool, $425 includes heat. Call after 5 pm. 353-0700. CANTON, 3 bedroom ranch, attached garage, fenced yard, near schools, $450 per month plus security. 981-4460. PLYMOUTH, charming older home in town, 2 bedroo
AVAILABLE
10 Mile - Lahser
356-8844
rooms, 1 1/2 baths, finished basement, kitchen built-ins, immediate occupancy. Lease $450/mo. NORTHVILLE, 2 bedroom, carpeted, appliances, basement, garage, $375 plus security. 349-1100. FARMINGTON HILLS, newly decorated, 2 bedrooms, family room, fireplace, attached garage, 1 year lease, no pets. ROCHESTER, 3 bedroom colonial, central air, finished basement, patio, immediate occupancy, references required. SOUTHFIELD, 2 bedroom townhouse, 1 1/2 baths, full basement, carport, pool, $425 includes heat. Call after 5 pm. 353-0700. CANTON, 3 bedroom ranch, attached garage, fenced yard, near schools, $450 per month plus security. 981-4460. PLYMOUTH, charming older home in town, 2 bedrooms, appliances, basement, garage, $395 plus utilities. 453-1200. WESTLAND, 1 & 2 bedroom apartments, heat included, carpeted, air, pool, tennis, from $290. GARDEN CITY, large 3 bedroom brick, 1 1/2 baths, finish
MOON LAKE
626-4886
BIRMINGHAM, 3 bedroom, 2 baths, fireplace, appliances, 1 car garage. Convenient location. Call 642-5220. WAYNE, 1 bedroom apartment, carpeted, air conditioned, swimming pool, $310 a month includes all utilities except electric. Adults preferred, no pets. Call 595-0700. LIVONIA, brick ranch near Middlebelt, 3 bedrooms, 1 1/2 baths, finished basement, kitchen built-ins, immediate occupancy. Lease $450/mo. NORTHVILLE, 2 bedroom, carpeted, appliances, basement, garage, $375 plus security. 349-1100. FARMINGTON HILLS, newly decorated, 2 bedrooms, family room, fireplace, attached garage, 1 year lease, no pets. ROCHESTER, 3 bedroom colonial, central air, finished basement, patio, immediate occupancy, references required. SOUTHFIELD, 2 bedroom townhouse, 1 1/2 baths, full basement, carport, pool, $425 includes heat. Call after 5 pm. 353-0700. CANTON, 3 bedroom ranch, attached garage, fenced yard, near schools, $450 per month plus security. 981-4460. PLYMOUTH, charming older home in town, 2 bedrooms, appliances, basement, garage, $395 plus utilities. 453-1200. WESTLAND, 1 & 2 bedroom apartments, heat included, carpeted, air, pool, tennis, from $290. GARDEN CITY, large 3 bedroom brick, 1 1/2
410 Flats For Rent
BIRMINGHAM, 3 bedroom, 2 baths, fireplace, appliances, 1 car garage. Convenient location. Call 642-5220. WAYNE, 1 bedroom apartment, carpeted, air conditioned, swimming pool, $310 a month includes all utilities except electric. Adults preferred, no pets. Call 595-0700. LIVONIA, brick ranch near Middlebelt, 3 bedrooms, 1 1/2 baths, finished basement, kitchen built-ins, immediate occupancy. Lease $450/mo. NORTHVILLE, 2 bedroom, carpeted, appliances, basement, garage, $375 plus security. 349-1100. FARMINGTON HILLS, newly decorated, 2 bedrooms, family room, fireplace, attached garage, 1 year lease, no pets. ROCHESTER, 3 bedroom colonial, central air, finished basement, patio, immediate occupancy, references required. SOUTHFIELD, 2 bedroom townhouse, 1 1/2 baths, full basement, carport, pool, $425 includes heat. Call after 5 pm. 353-0700. CANTON, 3 bedroom ranch, attached garage, fenced yard, near schools, $450 per month plus security. 981-4460. PLYMOUTH, charming older home in town, 2 bedrooms, appliances, basement, garage, $395 plus utilities. 453-1200. WESTLAND, 1 & 2 bedroom apartments, heat included, carpeted, air, pool, tennis, from $290. GARDEN CITY, large 3 bedroom brick, 1 1/2 baths, finished basement, 2 car garage, $475, security deposit required. 425-4115.
BIRMINGHAM, 3 bedroom, 2 baths, fireplace, appliances, 1 car garage. Convenient location. Call 642-5220. WAYNE, 1 bedroom apartment, carpeted, air conditioned, swimming pool, $310 a month includes all utilities except electric. Adults preferred, no pets. Call 595-0700. LIVONIA, brick ranch near Middlebelt, 3 bedrooms, 1 1/2 baths, finished basement, kitchen built-ins, immediate occupancy. Lease $450/mo. NORTHVILLE, 2 bedroom, carpeted, appliances, basement, garage, $375 plus security. 349-1100. FARMINGTON HILLS, newly decorated, 2 bedrooms, family room, fireplace, attached garage, 1 year lease, no pets. ROCHESTER, 3 bedroom colonial, central air, finished basement, patio, immediate occupancy, references required. SOUTHFIELD, 2 bedroom townhouse, 1 1/2 baths, full basement, carport, pool, $425 includes heat. Call after 5 pm. 353-0700. CANTON, 3 bedroom ranch, attached garage, fenced yard, near schools, $450 per month plus security. 981-4460. PLYMOUTH, charming older home in town, 2 bedrooms, appliances, basement, garage, $395 plus utilities. 453-1200. WESTLAND, 1 & 2 bedroom apartments, heat included, carpeted, air, pool, tennis, from $290. GARDEN CITY, large 3 bedroom brick, 1 1/2 baths, finished basement, 2 car garage, $475, security deposit required. 425-4115.
BIRMINGHAM, 3 bedroom, 2 baths, fireplace, appliances, 1 car garage. Convenient location. Call 642-5220. WAYNE, 1 bedroom apartment, carpeted, air conditioned, swimming pool, $310 a month includes all utilities except electric. Adults preferred, no pets. Call 595-0700. LIVONIA, brick ranch near Middlebelt, 3 bedrooms, 1 1/2 baths, finished basement, kitchen built-ins, immediate occupancy. Lease $450/mo. NORTHVILLE, 2 bedroom, carpeted, appliances, basement, garage, $375 plus security. 349-1100. FARMINGTON HILLS, newly decorated, 2 bedrooms, family room, fireplace, attached garage, 1 year lease, no pets. ROCHESTER, 3 bedroom colonial, central air, finished basement, patio, immediate occupancy, references required. SOUTHFIELD, 2 bedroom townhouse, 1 1/2 baths, full basement, carport, pool, $425 includes heat. Call after 5 pm. 353-0700. CANTON, 3 bedroom ranch, attached garage, fenced yard, near schools, $450 per month plus security. 981-4460. PLYMOUTH, charming older home in town, 2 bedrooms, appliances, basement, garage, $395 plus utilities. 453-1200. WESTLAND, 1 & 2 bedroom apartments, heat included, carpeted, air, pool, tennis, from $290. GARDEN CITY, large 3 bedroom brick, 1 1/2 baths, finished basement, 2 car garage, $475, security deposit required. 425-4115.
BIRMINGHAM, 3 bedroom, 2 baths, fireplace, appliances, 1 car garage. Convenient location. Call 642-5220. WAYNE, 1 bedroom apartment, carpeted, air conditioned, swimming pool, $310 a month includes all utilities except electric. Adults preferred, no pets. Call 595-0700. LIVONIA, brick ranch near Middlebelt, 3 bedrooms, 1 1/2 baths, finished basement, kitchen built-ins, immediate occupancy. Lease $450/mo. NORTHVILLE, 2 bedroom, carpeted, appliances, basement, garage, $375 plus security. 349-1100. FARMINGTON HILLS, newly decorated, 2 bedrooms, family room, fireplace, attached garage, 1 year lease, no pets. ROCHESTER, 3 bedroom colonial, central air, finished basement, patio, immediate occupancy, references required. SOUTHFIELD, 2 bedroom townhouse, 1 1/2 baths, full basement, carport, pool, $425 includes heat. Call after 5 pm. 353-0700. CANTON, 3 bedroom ranch, attached garage, fenced yard, near schools, $450 per month plus security. 981-4460. PLYMOUTH, charming older home in town, 2 bedrooms, appliances, basement, garage, $395 plus utilities. 453-1200. WESTLAND, 1 & 2 bedroom apartments, heat included, carpeted, air, pool, tennis, from $290. GARDEN CITY, large 3 bedroom brick, 1 1/2 baths, finished basement, 2 car garage, $475, security deposit required. 425-4115.
BIRMINGHAM, 3 bedroom, 2 baths, fireplace, appliances, 1 car garage. Convenient location. Call 642-5220. WAYNE, 1 bedroom apartment, carpeted, air conditioned, swimming pool, $310 a month includes all utilities except electric. Adults preferred, no pets. Call 595-0700. LIVONIA, brick ranch near Middlebelt, 3 bedrooms, 1 1/2 baths, finished basement, kitchen built-ins, immediate occupancy. Lease $450/mo. NORTHVILLE, 2 bedroom, carpeted, appliances, basement, garage, $375 plus security. 349-1100. FARMINGTON HILLS, newly decorated, 2 bedrooms, family room, fireplace, attached garage, 1 year lease, no pets. ROCHESTER, 3 bedroom colonial, central air, finished basement, patio, immediate occupancy, references required. SOUTHFIELD, 2 bedroom townhouse, 1 1/2 baths, full basement, carport, pool, $425 includes heat. Call after 5 pm. 353-0700. CANTON, 3 bedroom ranch, attached garage, fenced yard, near schools, $450 per month plus security. 981-4460. PLYMOUTH, charming older home in town, 2 bedrooms, appliances, basement, garage, $395 plus utilities. 453-1200. WESTLAND, 1 & 2 bedroom apartments, heat included, carpeted, air, pool, tennis, from $290. GARDEN CITY, large 3 bedroom brick, 1 1/2 baths, finished basement, 2 car garage, $475, security deposit required. 425-4115.
BIRMINGHAM, 3 bedroom, 2 baths, fireplace, appliances, 1 car garage. Convenient location. Call 642-5220. WAYNE, 1 bedroom apartment, carpeted, air conditioned, swimming pool, $310 a month includes all utilities except electric. Adults preferred, no pets. Call 595-0700. LIVONIA, brick ranch near Middlebelt, 3 bedrooms, 1 1/2 baths, finished basement, kitchen built-ins, immediate occupancy. Lease $450/mo. NORTHVILLE, 2 bedroom, carpeted, appliances, basement, garage, $375 plus security. 349-1100. FARMINGTON HILLS, newly decorated, 2 bedrooms, family room, fireplace, attached garage, 1 year lease, no pets. ROCHESTER, 3 bedroom colonial, central air, finished basement, patio, immediate occupancy, references required. SOUTHFIELD, 2 bedroom townhouse, 1 1/2 baths, full basement, carport, pool, $425 includes heat. Call after 5 pm. 353-0700. CANTON, 3 bedroom ranch, attached garage, fenced yard, near schools, $450 per month plus security. 981-4460. PLYMOUTH, charming older home in town, 2 bedrooms, appliances, basement, garage, $395 plus utilities. 453-1200. WESTLAND, 1 & 2 bedroom apartments, heat included, carpeted, air, pool, tennis, from $290. GARDEN CITY, large 3 bedroom brick, 1 1/2 baths, finished basement, 2 car garage, $475, security deposit required. 425-4115.
412 Townhouses-Condos For Rent
cy. Lease $450/mo. NORTHVILLE, 2 bedroom, carpeted, appliances, basement, garage, $375 plus security. 349-1100. FARMINGTON HILLS, newly decorated, 2 bedrooms, family room, fireplace, attached garage, 1 year lease, no pets. ROCHESTER, 3 bedroom colonial, central air, finished basement, patio, immediate occupancy, references required. SOUTHFIELD, 2 bedroom townhouse, 1 1/2 baths, full basement, carport, pool, $425 includes heat. Call after 5 pm. 353-0700. CANTON, 3 bedroom ranch, attached garage, fenced yard, near schools, $450 per month plus security. 981-4460. PLYMOUTH, charming older home in town, 2 bedrooms, appliances, basement, garage, $395 plus utilities. 453-1200. WESTLAND, 1 & 2 bedroom apartments, heat included, carpeted, air, pool, tennis, from $290. GARDEN CITY, large 3 bedroom brick, 1 1/2 baths, finished basement, 2 car garage, $475, security deposit required. 425-4115.
ACCREDITED MANAGEMENT ORGANIZATION OFFERS EXECUTIVE TRANSFEREES
Meadow Mgt. Inc.
Bloom - 851-6070
BIRMINGHAM, 3 bedroom, 2 baths, fireplace, appliances, 1 car garage. Convenient location. Call 642-5220. WAYNE, 1 bedroom apartment, carpeted, air conditioned, swimming pool, $310 a month includes all utilities except electric. Adults preferred, no pets. Call 595-0700. LIVONIA, brick ranch near Middlebelt, 3 bedrooms, 1 1/2 baths, finished basement, kitchen built-ins, immediate occupancy. Lease $450/mo. NORTHVILLE, 2 bedroom, carpeted, appliances, basement, garage, $375 plus security. 349-1100. FARMINGTON HILLS, newly decorated, 2 bedrooms, family room, fireplace, attached garage, 1 year lease, no pets. ROCHESTER, 3 bedroom colonial, central air, finished basement, patio, immediate occupancy, references required. SOUTHFIELD, 2 bedroom townhouse, 1 1/2 baths, full basement, carport, pool, $425 includes heat. Call after 5 pm. 353-0700. CANTON, 3 bedroom ranch, attached garage, fenced yard, near schools, $450 per month plus security. 981-4460. PLYMOUTH, charming older home in town, 2 bedrooms, appliances, basement, garage, $395 plus utilities. 453-1200. WESTLAND, 1 & 2 bedroom apartments, heat included, carpeted, air, pool, tennis, from $290. GARDEN CITY, large 3 bedroom brick, 1 1/2
413 Rental Agency
BIRMINGHAM, 3 bedroom, 2 baths, fireplace, appliances, 1 car garage. Convenient location. Call 642-5220. WAYNE, 1 bedroom apartment, carpeted, air conditioned, swimming pool, $310 a month includes all utilities except electric. Adults preferred, no pets. Call 595-0700. LIVONIA, brick ranch near Middlebelt, 3 bedrooms, 1 1/2 baths, finished basement, kitchen built-ins, immediate occupancy. Lease $450/mo. NORTHVILLE, 2 bedroom, carpeted, appliances, basement, garage, $375 plus security. 349-1100. FARMINGTON HILLS, newly decorated, 2 bedrooms, family room, fireplace, attached garage, 1 year lease, no pets. ROCHESTER, 3 bedroom colonial, central air, finished basement, patio, immediate occupancy, references required. SOUTHFIELD, 2 bedroom townhouse, 1 1/2 baths, full basement, carport, pool, $425 includes heat. Call after 5 pm. 353-0700. CANTON, 3 bedroom ranch, attached garage, fenced yard, near schools, $450 per month plus security. 981-4460. PLYMOUTH, charming older home in town, 2 bedrooms, appliances, basement, garage, $395 plus utilities. 453-1200. WESTLAND, 1 & 2 bedroom apartments, heat included, carpeted, air, pool, tennis, from $290. GARDEN CITY, large 3 bedroom brick, 1 1/2 baths, finished basement, 2 car garage, $475, security deposit required. 425-4115.
BIRMINGHAM, 3 bedroom, 2 baths, fireplace, appliances, 1 car garage. Convenient location. Call 642-5220. WAYNE, 1 bedroom apartment, carpeted, air conditioned, swimming pool, $310 a month includes all utilities except electric. Adults preferred, no pets. Call 595-0700. LIVONIA, brick ranch near Middlebelt, 3 bedrooms, 1 1/2 baths, finished basement, kitchen built-ins, immediate occupancy. Lease $450/mo. NORTHVILLE, 2 bedroom, carpeted, appliances, basement, garage, $375 plus security. 349-1100. FARMINGTON HILLS, newly decorated, 2 bedrooms, family room, fireplace, attached garage, 1 year lease, no pets. ROCHESTER, 3 bedroom colonial, central air, finished basement, patio, immediate occupancy, references required. SOUTHFIELD, 2 bedroom townhouse, 1 1/2 baths, full basement, carport, pool, $425 includes heat. Call after 5 pm. 353-0700. CANTON, 3 bedroom ranch, attached garage, fenced yard, near schools, $450 per month plus security. 981-4460. PLYMOUTH, charming older home in town, 2 bedrooms, appliances, basement, garage, $395 plus utilities. 453-1200. WESTLAND, 1 & 2 bedroom apartments, heat included, carpeted, air, pool, tennis, from $290. GARDEN CITY, large 3 bedroom brick, 1 1/2 baths, finished basement, 2 car garage, $475, security deposit required. 425-4115.
BIRMINGHAM, 3 bedroom, 2 baths, fireplace, appliances, 1 car garage. Convenient location. Call 642-5220. WAYNE, 1 bedroom apartment, carpeted, air conditioned, swimming pool, $310 a month includes all utilities except electric. Adults preferred, no pets. Call 595-0700. LIVONIA, brick ranch near Middlebelt, 3 bedrooms, 1 1/2 baths, finished basement, kitchen built-ins, immediate occupancy. Lease $450/mo. NORTHVILLE, 2 bedroom, carpeted, appliances, basement, garage, $375 plus security. 349-1100. FARMINGTON HILLS, newly decorated, 2 bedrooms, family room, fireplace, attached garage, 1 year lease, no pets. ROCHESTER, 3 bedroom colonial, central air, finished basement, patio, immediate occupancy, references required. SOUTHFIELD, 2 bedroom townhouse, 1 1/2 baths, full basement, carport, pool, $425 includes heat. Call after 5 pm. 353-0700. CANTON, 3 bedroom ranch, attached garage, fenced yard, near schools, $450 per month plus security. 981-4460. PLYMOUTH, charming older home in town, 2 bedrooms, appliances, basement, garage, $395 plus utilities. 453-1200. WESTLAND, 1 & 2 bedroom apartments, heat included, carpeted, air, pool, tennis, from $290. GARDEN CITY, large 3 bedroom brick, 1 1/2 baths, finished basement, 2 car garage, $475, security deposit required. 425-4115.
BIRMINGHAM, 3 bedroom, 2 baths, fireplace, appliances, 1 car garage. Convenient location. Call 642-5220. WAYNE, 1 bedroom apartment, carpeted, air conditioned, swimming pool, $310 a month includes all utilities except electric. Adults preferred, no pets. Call 595-0700. LIVONIA, brick ranch near Middlebelt, 3 bedrooms, 1 1/2 baths, finished basement, kitchen built-ins, immediate occupancy. Lease $450/mo. NORTHVILLE, 2 bedroom, carpeted, appliances, basement, garage, $375 plus security. 349-1100. FARMINGTON HILLS, newly decorated, 2 bedrooms, family room, fireplace, attached garage, 1 year lease, no pets. ROCHESTER, 3 bedroom colonial, central air, finished basement, patio, immediate occupancy, references required. SOUTHFIELD, 2 bedroom townhouse, 1 1/2 baths, full basement, carport, pool, $425 includes heat. Call after 5 pm. 353-0700. CANTON, 3 bedroom ranch, attached garage, fenced yard, near schools, $450 per month plus security. 981-4460. PLYMOUTH, charming older home in town, 2 bedrooms, appliances, basement, garage, $395 plus utilities. 453-1200. WESTLAND, 1 & 2 bedroom apartments, heat included, carpeted, air, pool, tennis, from $290. GARDEN CITY, large 3 bedroom brick, 1 1/2 baths, finished basement, 2 car garage, $475, security deposit required. 425-4115.
BIRMINGHAM, 3 bedroom, 2 baths, fireplace, appliances, 1 car garage. Convenient location. Call 642-5220. WAYNE, 1 bedroom apartment, carpeted, air conditioned, swimming pool, $310 a month includes all utilities except electric. Adults preferred, no pets. Call 595-0700. LIVONIA, brick ranch near Middlebelt, 3 bedrooms, 1 1/2 baths, finished basement, kitchen built-ins, immediate occupancy. Lease $450/mo. NORTHVILLE, 2 bedroom, carpeted, appliances, basement, garage, $375 plus security. 349-1100. FARMINGTON HILLS, newly decorated, 2 bedrooms, family room, fireplace, attached garage, 1 year lease, no pets. ROCHESTER, 3 bedroom colonial, central air, finished basement, patio, immediate occupancy, references required. SOUTHFIELD, 2 bedroom townhouse, 1 1/2 baths, full basement, carport, pool, $425 includes heat. Call after 5 pm. 353-0700. CANTON, 3 bedroom ranch, attached garage, fenced yard, near schools, $450 per month plus security. 981-4460. PLYMOUTH, charming older home in town, 2 bedrooms, appliances, basement, garage, $395 plus utilities. 453-1200. WESTLAND, 1 & 2 bedroom apartments, heat included, carpeted, air, pool, tennis, from $290. GARDEN CITY, large 3 bedroom brick, 1 1/2 baths, finished basement, 2 car garage, $475, security deposit required. 425-4115.
BIRMINGHAM, 3 bedroom, 2 baths, fireplace, appliances, 1 car garage. Convenient location. Call 642-5220. WAYNE, 1 bedroom apartment, carpeted, air conditioned, swimming pool, $310 a month includes all utilities except electric. Adults preferred, no pets. Call 595-0700. LIVONIA, brick ranch near Middlebelt, 3 bedrooms, 1 1/2 baths, finished basement, kitchen built-ins, immediate occupancy. Lease $450/mo. NORTHVILLE, 2 bedroom, carpeted, appliances, basement, garage, $375 plus security. 349-1100. FARMINGTON HILLS, newly decorated, 2 bedrooms, family room, fireplace, attached garage, 1 year lease, no pets. ROCHESTER, 3 bedroom colonial, central air, finished basement, patio, immediate occupancy, references required. SOUTHFIELD, 2 bedroom townhouse, 1 1/2 baths, full basement, carport, pool, $425 includes heat. Call after 5 pm. 353-0700. CANTON, 3 bedroom ranch, attached garage, fenced yard, near schools, $450 per month plus security. 981-4460. PLYMOUTH, charming older home in town, 2 bedrooms, appliances, basement, garage, $395 plus utilities. 453-1200. WESTLAND, 1 & 2 bedroom apartments, heat included, carpeted, air, pool, tennis, from $290. GARDEN CITY, large 3 bedroom brick, 1 1/2 baths, finished basement, 2 car garage, $475, security deposit required. 425-4115.
415 Vacation Rentals
ion. Call 642-5220. WAYNE, 1 bedroom apartment, carpeted, air conditioned, swimming pool, $310 a month includes all utilities except electric. Adults preferred, no pets. Call 595-0700. LIVONIA, brick ranch near Middlebelt, 3 bedrooms, 1 1/2 baths, finished basement, kitchen built-ins, immediate occupancy. Lease $450/mo. NORTHVILLE, 2 bedroom, carpeted, appliances, basement, garage, $375 plus security. 349-1100. FARMINGTON HILLS, newly decorated, 2 bedrooms, family room, fireplace, attached garage, 1 year lease, no pets. ROCHESTER, 3 bedroom colonial, central air, finished basement, patio, immediate occupancy, references required. SOUTHFIELD, 2 bedroom townhouse, 1 1/2 baths, full basement, carport, pool, $425 includes heat. Call after 5 pm. 353-0700. CANTON, 3 bedroom ranch, attached garage, fenced yard, near schools, $450 per month plus security. 981-4460. PLYMOUTH, charming older home
ALWAYS PLEASANT
Mr. Balogh, 645-5790, or eves., 646-6102
Middlebelt, 3 bedrooms, 1 1/2 baths, finished basement, kitchen built-ins, immediate occupancy. Lease $450/mo. NORTHVILLE, 2 bedroom, carpeted, appliances, basement, garage, $375 plus security. 349-1100. FARMINGTON HILLS, newly decorated, 2 bedrooms, family room, fireplace, attached garage, 1 year lease, no pets. ROCHESTER, 3 bedroom colonial, central air, finished basement, patio, immediate occupancy, references required. SOUTHFIELD, 2 bedroom townhouse, 1 1/2 baths, full basement, carport, pool, $425 includes heat. Call after 5 pm. 353-0700. CANTON, 3 bedroom ranch, attached garage, fenced yard, near schools, $450 per month plus security. 981-4460. PLYMOUTH, charming older home in town, 2 bedrooms, appliances, basement, garage, $395 plus utilities. 453-1200. WESTLAND, 1 & 2 bedroom apartments, heat included, carpeted, air, pool, tennis, from $290. GARDEN CITY, large 3 bedroom brick, 1
HARBOR SPRINGS CONDOMINIUM
YNE, 1 bedroom apartment, carpeted, air conditioned, swimming pool, $310 a month includes all utilities except electric. Adults preferred, no pets. Call 595-0700. LIVONIA, brick ranch near Middlebelt, 3 bedrooms, 1 1/2 baths, finished basement, kitchen built-ins, immediate occupancy. Lease $450/mo. NORTHVILLE, 2 bedroom, carpeted, appliances, basement, garage, $375 plus security. 349-1100. FARMINGTON HILLS, newly decorated, 2 bedrooms, family room, fireplace, attached garage, 1 year lease, no pets. ROCHESTER, 3 bedroom colonial, central air, finished basement, patio, immediate occupancy, references required. SOUTHFIELD, 2 bedroom townhouse, 1 1/2 baths, full basement, carport, pool, $425 includes heat. Call after 5 pm. 353-0700. CANTON, 3 bedroom ranch, attached garage, fenced yard, near schools, $450 per month plus security. 981-4460. PLYMOUTH, charming older home in town, 2 bedrooms, a
PETOSKEY AREA
, 1 1/2 baths, finished basement, kitchen built-ins, immediate occupancy. Lease $450/mo. NORTHVILLE, 2 bedroom, carpeted, appliances, basement, garage, $375 plus security. 349-1100. FARMINGTON HILLS, newly decorated, 2 bedrooms, family room, fireplace, attached garage, 1 year lease, no pets. ROCHESTER, 3 bedroom colonial, central air, finished basement, patio, immediate occupancy, references required. SOUTHFIELD, 2 bedroom townhouse, 1 1/2 baths, full basement, carport, pool, $425 includes heat. Call after 5 pm. 353-0700. CANTON, 3 bedroom ranch, attached garage, fenced yard, near schools, $450 per month plus security. 981-4460. PLYMOUTH, charming older home in town, 2 bedrooms, appliances, basement, garage, $395 plus utilities. 453-1200. WESTLAND, 1 & 2 bedroom apartments, heat included, carpeted, air, pool, tennis, from $290. GARDEN CITY, large 3 bedroom brick, 1 1/2 baths, finished ba
RESERVE EARLY
For Summer Fun!
616-347-8501
BIRMINGHAM, 3 bedroom, 2 baths, fireplace, appliances, 1 car garage. Convenient location. Call 642-5220. WAYNE, 1 bedroom apartment, carpeted, air conditioned, swimming pool, $310 a month includes all utilities except electric. Adults preferred, no pets. Call 595-0700. LIVONIA, brick ranch near Middlebelt, 3 bedrooms, 1 1/2 baths, finished basement, kitchen built-ins, immediate occupancy. Lease $450/mo. NORTHVILLE, 2 bedroom, carpeted, appliances, basement, garage, $375 plus security. 349-1100. FARMINGTON HILLS, newly decorated, 2 bedrooms, family room, fireplace, attached garage, 1 year lease, no pets. ROCHESTER, 3 bedroom colonial, central air, finished basement, patio, immediate occupancy, references required. SOUTHFIELD, 2 bedroom townhouse, 1 1/2 baths, full basement, carport, pool, $425 includes heat. Call after 5 pm. 353-0700. CANTON, 3 bedroom ranch, attached garage, fenced yard, near schools, $450 per month plus security. 981-4460. PLYMOUTH, charming older home in town, 2 bedrooms, appliances, basement, garage, $395 plus utilities. 453-1200. WESTLAND, 1 & 2 bedroom apartments, heat included, carpeted, air, pool, tennis, from $290. GARDEN CITY, large 3 bedroom brick, 1 1/2
418 Halls For Rent
BIRMINGHAM, 3 bedroom, 2 baths, fireplace, appliances, 1 car garage. Convenient location. Call 642-5220. WAYNE, 1 bedroom apartment, carpeted, air conditioned, swimming pool, $310 a month includes all utilities except electric. Adults preferred, no pets. Call 595-0700. LIVONIA, brick ranch near Middlebelt, 3 bedrooms, 1 1/2 baths, finished basement, kitchen built-ins, immediate occupancy. Lease $450/mo. NORTHVILLE, 2 bedroom, carpeted, appliances, basement, garage, $375 plus security. 349-1100. FARMINGTON HILLS, newly decorated, 2 bedrooms, family room, fireplace, attached garage, 1 year lease, no pets. ROCHESTER, 3 bedroom colonial, central air, finished basement, patio, immediate occupancy, references required. SOUTHFIELD, 2 bedroom townhouse, 1 1/2 baths, full basement, carport, pool, $425 includes heat. Call after 5 pm. 353-0700. CANTON, 3 bedroom ranch, attached garage, fenced yard, near schools, $450 per month plus security. 981-4460. PLYMOUTH, charming older home in town, 2 bedrooms, appliances, basement, garage, $395 plus utilities. 453-1200. WESTLAND, 1 & 2 bedroom apartments, heat included, carpeted, air, pool, tennis, from $290. GARDEN CITY, large 3 bedroom brick, 1 1/2 baths, finished basement, 2 car garage, $475, security deposit required. 425-4115.
BIRMINGHAM, 3 bedroom, 2 baths, fireplace, appliances, 1 car garage. Convenient location. Call 642-5220. WAYNE, 1 bedroom apartment, carpeted, air conditioned, swimming pool, $310 a month includes all utilities except electric. Adults preferred, no pets. Call 595-0700. LIVONIA, brick ranch near Middlebelt, 3 bedrooms, 1 1/2 baths, finished basement, kitchen built-ins, immediate occupancy. Lease $450/mo. NORTHVILLE, 2 bedroom, carpeted, appliances, basement, garage, $375 plus security. 349-1100. FARMINGTON HILLS, newly decorated, 2 bedrooms, family room, fireplace, attached garage, 1 year lease, no pets. ROCHESTER, 3 bedroom colonial, central air, finished basement, patio, immediate occupancy, references required. SOUTHFIELD, 2 bedroom townhouse, 1 1/2 baths, full basement, carport, pool, $425 includes heat. Call after 5 pm. 353-0700. CANTON, 3 bedroom ranch, attached garage, fenced yard, near schools, $450 per month plus security. 981-4460. PLYMOUTH, charming older home in town, 2 bedrooms, appliances, basement, garage, $395 plus utilities. 453-1200. WESTLAND, 1 & 2 bedroom apartments, heat included, carpeted, air, pool, tennis, from $290. GARDEN CITY, large 3 bedroom brick, 1 1/2 baths, finished basement, 2 car garage, $475, security deposit required. 425-4115.
BIRMINGHAM, 3 bedroom, 2 baths, fireplace, appliances, 1 car garage. Convenient location. Call 642-5220. WAYNE, 1 bedroom apartment, carpeted, air conditioned, swimming pool, $310 a month includes all utilities except electric. Adults preferred, no pets. Call 595-0700. LIVONIA, brick ranch near Middlebelt, 3 bedrooms, 1 1/2 baths, finished basement, kitchen built-ins, immediate occupancy. Lease $450/mo. NORTHVILLE, 2 bedroom, carpeted, appliances, basement, garage, $375 plus security. 349-1100. FARMINGTON HILLS, newly decorated, 2 bedrooms, family room, fireplace, attached garage, 1 year lease, no pets. ROCHESTER, 3 bedroom colonial, central air, finished basement, patio, immediate occupancy, references required. SOUTHFIELD, 2 bedroom townhouse, 1 1/2 baths, full basement, carport, pool, $425 includes heat. Call after 5 pm. 353-0700. CANTON, 3 bedroom ranch, attached garage, fenced yard, near schools, $450 per month plus security. 981-4460. PLYMOUTH, charming older home in town, 2 bedrooms, appliances, basement, garage, $395 plus utilities. 453-1200. WESTLAND, 1 & 2 bedroom apartments, heat included, carpeted, air, pool, tennis, from $290. GARDEN CITY, large 3 bedroom brick, 1 1/2 baths, finished basement, 2 car garage, $475, security deposit required. 425-4115.
BIRMINGHAM, 3 bedroom, 2 baths, fireplace, appliances, 1 car garage. Convenient location. Call 642-5220. WAYNE, 1 bedroom apartment, carpeted, air conditioned, swimming pool, $310 a month includes all utilities except electric. Adults preferred, no pets. Call 595-0700. LIVONIA, brick ranch near Middlebelt, 3 bedrooms, 1 1/2 baths, finished basement, kitchen built-ins, immediate occupancy. Lease $450/mo. NORTHVILLE, 2 bedroom, carpeted, appliances, basement, garage, $375 plus security. 349-1100. FARMINGTON HILLS, newly decorated, 2 bedrooms, family room, fireplace, attached garage, 1 year lease, no pets. ROCHESTER, 3 bedroom colonial, central air, finished basement, patio, immediate occupancy, references required. SOUTHFIELD, 2 bedroom townhouse, 1 1/2 baths, full basement, carport, pool, $425 includes heat. Call after 5 pm. 353-0700. CANTON, 3 bedroom ranch, attached garage, fenced yard, near schools, $450 per month plus security. 981-4460. PLYMOUTH, charming older home in town, 2 bedrooms, appliances, basement, garage, $395 plus utilities. 453-1200. WESTLAND, 1 & 2 bedroom apartments, heat included, carpeted, air, pool, tennis, from $290. GARDEN CITY, large 3 bedroom brick, 1 1/2 baths, finished basement, 2 car garage, $475, security deposit required. 425-4115.
BIRMINGHAM, 3 bedroom, 2 baths, fireplace, appliances, 1 car garage. Convenient location. Call 642-5220. WAYNE, 1 bedroom apartment, carpeted, air conditioned, swimming pool, $310 a month includes all utilities except electric. Adults preferred, no pets. Call 595-0700. LIVONIA, brick ranch near Middlebelt, 3 bedrooms, 1 1/2 baths, finished basement, kitchen built-ins, immediate occupancy. Lease $450/mo. NORTHVILLE, 2 bedroom, carpeted, appliances, basement, garage, $375 plus security. 349-1100. FARMINGTON HILLS, newly decorated, 2 bedrooms, family room, fireplace, attached garage, 1 year lease, no pets. ROCHESTER, 3 bedroom colonial, central air, finished basement, patio, immediate occupancy, references required. SOUTHFIELD, 2 bedroom townhouse, 1 1/2 baths, full basement, carport, pool, $425 includes heat. Call after 5 pm. 353-0700. CANTON, 3 bedroom ranch, attached garage, fenced yard, near schools, $450 per month plus security. 981-4460. PLYMOUTH, charming older home in town, 2 bedrooms, appliances, basement, garage, $395 plus utilities. 453-1200. WESTLAND, 1 & 2 bedroom apartments, heat included, carpeted, air, pool, tennis, from $290. GARDEN CITY, large 3 bedroom brick, 1 1/2 baths, finished basement, 2 car garage, $475, security deposit required. 425-4115.
BIRMINGHAM, 3 bedroom, 2 baths, fireplace, appliances, 1 car garage. Convenient location. Call 642-5220. WAYNE, 1 bedroom apartment, carpeted, air conditioned, swimming pool, $310 a month includes all utilities except electric. Adults preferred, no pets. Call 595-0700. LIVONIA, brick ranch near Middlebelt, 3 bedrooms, 1 1/2 baths, finished basement, kitchen built-ins, immediate occupancy. Lease $450/mo. NORTHVILLE, 2 bedroom, carpeted, appliances, basement, garage, $375 plus security. 349-1100. FARMINGTON HILLS, newly decorated, 2 bedrooms, family room, fireplace, attached garage, 1 year lease, no pets. ROCHESTER, 3 bedroom colonial, central air, finished basement, patio, immediate occupancy, references required. SOUTHFIELD, 2 bedroom townhouse, 1 1/2 baths, full basement, carport, pool, $425 includes heat. Call after 5 pm. 353-0700. CANTON, 3 bedroom ranch, attached garage, fenced yard, near schools, $450 per month plus security. 981-4460. PLYMOUTH, charming older home in town, 2 bedrooms, appliances, basement, garage, $395 plus utilities. 453-1200. WESTLAND, 1 & 2 bedroom apartments, heat included, carpeted, air, pool, tennis, from $290. GARDEN CITY, large 3 bedroom brick, 1 1/2 baths, finished basement, 2 car garage, $475, security deposit required. 425-4115.
420 Rooms For Rent
month includes all utilities except electric. Adults preferred, no pets. Call 595-0700. LIVONIA, brick ranch near Middlebelt, 3 bedrooms, 1 1/2 baths, finished basement, kitchen built-ins, immediate occupancy. Lease $450/mo. NORTHVILLE, 2 bedroom, carpeted, appliances, basement, garage, $375 plus security. 349-1100. FARMINGTON HILLS, newly decorated, 2 bedrooms, family room, fireplace, attached garage, 1 year lease, no pets. ROCHESTER, 3 bedroom colonial, central air, finished basement, patio, immediate occupancy, references required. SOUTHFIELD, 2 bedroom townhouse, 1 1/2 baths, full basement, carport, pool, $425 includes heat. Call after 5 pm. 353-0700. CANTON, 3 bedroom ranch, attached garage, fenced yard, near schools, $450 per month plus security. 981-4460. PLYMOUTH, charming older home in town, 2 bedrooms, appliances, basement, garage, $395 plus utilities. 453-1200. WESTLAND, 1 & 2
EVERY OTHER MONTH YOU CAN LIVE RENT FREE
HOME-MATE SPECIALISTS
ease $450/mo. NORTHVILLE, 2 bedroom, carpeted, appliances, basement, garage, $375 plus security. 349-1100. FARMINGTON HILLS, newly decorated, 2 bedrooms, family room, fireplace, attached garage, 1 year lease, no pets. ROCHESTER, 3 bedroom colonial, central air, finished basement, patio, immediate occupancy, references required. SOUTHFIELD, 2 bedroom townhouse, 1 1/2 baths, full basement, carport, pool, $425 includes heat. Call after 5 pm. 353-0700. CANTON, 3 bedroom ranch, attached garage, fenced yard, near schools, $450 per month plus security. 981-4460. PLYMOUTH, charming older home in town, 2 bedrooms, appliances, basement, garage, $395 plus utilities. 453-1200. WESTLAND, 1 & 2 bedroom apartments, heat included, carpeted, air, pool, tennis, from $290. GARDEN CITY, large 3 bedroom brick, 1 1/2 baths, finished basement, 2 car garage, $475, security deposit required. 425-4115.
Share Referrals
642-1620
lities except electric. Adults preferred, no pets. Call 595-0700. LIVONIA, brick ranch near Middlebelt, 3 bedrooms, 1 1/2 baths, finished basement, kitchen built-ins, immediate occupancy. Lease $450/mo. NORTHVILLE, 2 bedroom, carpeted, appliances, basement, garage, $375 plus security. 349-1100. FARMINGTON HILLS, newly decorated, 2 bedrooms, family room, fireplace, attached garage, 1 year lease, no pets. ROCHESTER, 3 bedroom colonial, central air, finished basement, patio, immediate occupancy, references required. SOUTHFIELD, 2 bedroom townhouse, 1 1/2 baths, full basement, carport, pool, $425 includes heat. Call after 5 pm. 353-0700. CANTON, 3 bedroom ranch, attached garage, fenced yard, near schools, $450 per month plus security. 981-4460. PLYMOUTH, charming older home in town, 2 bedrooms, appliances, basement, garage, $395 plus utilities. 453-1200. WESTLAND, 1 & 2 bedroom apartments, h
LIKE TO SAVE 50% RENT? YOU DESERVE THE BEST!
BIRMINGHAM, 3 bedroom, 2 baths, fireplace, appliances, 1 car garage. Convenient location. Call 642-5220. WAYNE, 1 bedroom apartment, carpeted, air conditioned, swimming pool, $310 a month includes all utilities except electric. Adults preferred, no pets. Call 595-0700. LIVONIA, brick ranch near Middlebelt, 3 bedrooms, 1 1/2 baths, finished basement, kitchen built-ins, immediate occupancy. Lease $450/mo. NORTHVILLE, 2 bedroom, carpeted, appliances, basement, garage, $375 plus security. 349-1100. FARMINGTON HILLS, newly decorated, 2 bedrooms, family room, fireplace, attached garage, 1 year lease, no pets. ROCHESTER, 3 bedroom colonial, central air, finished basement, patio, immediate occupancy, references required. SOUTHFIELD, 2 bedroom townhouse, 1 1/2 baths, full basement, carport, pool, $425 includes heat. Call after 5 pm. 353-0700. CANTON, 3 bedroom ranch, attached garage, fenced yard, near schools, $450 per month plus security. 981-4460. PLYMOUTH, charming older home in town, 2 bedrooms, appliances, basement, garage, $395 plus utilities. 453-1200. WESTLAND, 1 & 2 bedroom apartments, heat included, carpeted, air, pool, tennis, from $290. GARDEN CITY, large 3 bedroom brick, 1 1/2
421 Living Quarters To Share
BIRMINGHAM, 3 bedroom, 2 baths, fireplace, appliances, 1 car garage. Convenient location. Call 642-5220. WAYNE, 1 bedroom apartment, carpeted, air conditioned, swimming pool, $310 a month includes all utilities except electric. Adults preferred, no pets. Call 595-0700. LIVONIA, brick ranch near Middlebelt, 3 bedrooms, 1 1/2 baths, finished basement, kitchen built-ins, immediate occupancy. Lease $450/mo. NORTHVILLE, 2 bedroom, carpeted, appliances, basement, garage, $375 plus security. 349-1100. FARMINGTON HILLS, newly decorated, 2 bedrooms, family room, fireplace, attached garage, 1 year lease, no pets. ROCHESTER, 3 bedroom colonial, central air, finished basement, patio, immediate occupancy, references required. SOUTHFIELD, 2 bedroom townhouse, 1 1/2 baths, full basement, carport, pool, $425 includes heat. Call after 5 pm. 353-0700. CANTON, 3 bedroom ranch, attached garage, fenced yard, near schools, $450 per month plus security. 981-4460. PLYMOUTH, charming older home in town, 2 bedrooms, appliances, basement, garage, $395 plus utilities. 453-1200. WESTLAND, 1 & 2 bedroom apartments, heat included, carpeted, air, pool, tennis, from $290. GARDEN CITY, large 3 bedroom brick, 1 1/2 baths, finished basement, 2 car garage, $475, security deposit required. 425-4115.
BIRMINGHAM, 3 bedroom, 2 baths, fireplace, appliances, 1 car garage. Convenient location. Call 642-5220. WAYNE, 1 bedroom apartment, carpeted, air conditioned, swimming pool, $310 a month includes all utilities except electric. Adults preferred, no pets. Call 595-0700. LIVONIA, brick ranch near Middlebelt, 3 bedrooms, 1 1/2 baths, finished basement, kitchen built-ins, immediate occupancy. Lease $450/mo. NORTHVILLE, 2 bedroom, carpeted, appliances, basement, garage, $375 plus security. 349-1100. FARMINGTON HILLS, newly decorated, 2 bedrooms, family room, fireplace, attached garage, 1 year lease, no pets. ROCHESTER, 3 bedroom colonial, central air, finished basement, patio, immediate occupancy, references required. SOUTHFIELD, 2 bedroom townhouse, 1 1/2 baths, full basement, carport, pool, $425 includes heat. Call after 5 pm. 353-0700. CANTON, 3 bedroom ranch, attached garage, fenced yard, near schools, $450 per month plus security. 981-4460. PLYMOUTH, charming older home in town, 2 bedrooms, appliances, basement, garage, $395 plus utilities. 453-1200. WESTLAND, 1 & 2 bedroom apartments, heat included, carpeted, air, pool, tennis, from $290. GARDEN CITY, large 3 bedroom brick, 1 1/2 baths, finished basement, 2 car garage, $475, security deposit required. 425-4115.
BIRMINGHAM, 3 bedroom, 2 baths, fireplace, appliances, 1 car garage. Convenient location. Call 642-5220. WAYNE, 1 bedroom apartment, carpeted, air conditioned, swimming pool, $310 a month includes all utilities except electric. Adults preferred, no pets. Call 595-0700. LIVONIA, brick ranch near Middlebelt, 3 bedrooms, 1 1/2 baths, finished basement, kitchen built-ins, immediate occupancy. Lease $450/mo. NORTHVILLE, 2 bedroom, carpeted, appliances, basement, garage, $375 plus security. 349-1100. FARMINGTON HILLS, newly decorated, 2 bedrooms, family room, fireplace, attached garage, 1 year lease, no pets. ROCHESTER, 3 bedroom colonial, central air, finished basement, patio, immediate occupancy, references required. SOUTHFIELD, 2 bedroom townhouse, 1 1/2 baths, full basement, carport, pool, $425 includes heat. Call after 5 pm. 353-0700. CANTON, 3 bedroom ranch, attached garage, fenced yard, near schools, $450 per month plus security. 981-4460. PLYMOUTH, charming older home in town, 2 bedrooms, appliances, basement, garage, $395 plus utilities. 453-1200. WESTLAND, 1 & 2 bedroom apartments, heat included, carpeted, air, pool, tennis, from $290. GARDEN CITY, large 3 bedroom brick, 1 1/2 baths, finished basement, 2 car garage, $475, security deposit required. 425-4115.
BIRMINGHAM, 3 bedroom, 2 baths, fireplace, appliances, 1 car garage. Convenient location. Call 642-5220. WAYNE, 1 bedroom apartment, carpeted, air conditioned, swimming pool, $310 a month includes all utilities except electric. Adults preferred, no pets. Call 595-0700. LIVONIA, brick ranch near Middlebelt, 3 bedrooms, 1 1/2 baths, finished basement, kitchen built-ins, immediate occupancy. Lease $450/mo. NORTHVILLE, 2 bedroom, carpeted, appliances, basement, garage, $375 plus security. 349-1100. FARMINGTON HILLS, newly decorated, 2 bedrooms, family room, fireplace, attached garage, 1 year lease, no pets. ROCHESTER, 3 bedroom colonial, central air, finished basement, patio, immediate occupancy, references required. SOUTHFIELD, 2 bedroom townhouse, 1 1/2 baths, full basement, carport, pool, $425 includes heat. Call after 5 pm. 353-0700. CANTON, 3 bedroom ranch, attached garage, fenced yard, near schools, $450 per month plus security. 981-4460. PLYMOUTH, charming older home in town, 2 bedrooms, appliances, basement, garage, $395 plus utilities. 453-1200. WESTLAND, 1 & 2 bedroom apartments, heat included, carpeted, air, pool, tennis, from $290. GARDEN CITY, large 3 bedroom brick, 1 1/2 baths, finished basement, 2 car garage, $475, security deposit required. 425-4115.
BIRMINGHAM, 3 bedroom, 2 baths, fireplace, appliances, 1 car garage. Convenient location. Call 642-5220. WAYNE, 1 bedroom apartment, carpeted, air conditioned, swimming pool, $310 a month includes all utilities except electric. Adults preferred, no pets. Call 595-0700. LIVONIA, brick ranch near Middlebelt, 3 bedrooms, 1 1/2 baths, finished basement, kitchen built-ins, immediate occupancy. Lease $450/mo. NORTHVILLE, 2 bedroom, carpeted, appliances, basement, garage, $375 plus security. 349-1100. FARMINGTON HILLS, newly decorated, 2 bedrooms, family room, fireplace, attached garage, 1 year lease, no pets. ROCHESTER, 3 bedroom colonial, central air, finished basement, patio, immediate occupancy, references required. SOUTHFIELD, 2 bedroom townhouse, 1 1/2 baths, full basement, carport, pool, $425 includes heat. Call after 5 pm. 353-0700. CANTON, 3 bedroom ranch, attached garage, fenced yard, near schools, $450 per month plus security. 981-4460. PLYMOUTH, charming older home in town, 2 bedrooms, appliances, basement, garage, $395 plus utilities. 453-1200. WESTLAND, 1 & 2 bedroom apartments, heat included, carpeted, air, pool, tennis, from $290. GARDEN CITY, large 3 bedroom brick, 1 1/2 baths, finished basement, 2 car garage, $475, security deposit required. 425-4115.
BIRMINGHAM, 3 bedroom, 2 baths, fireplace, appliances, 1 car garage. Convenient location. Call 642-5220. WAYNE, 1 bedroom apartment, carpeted, air conditioned, swimming pool, $310 a month includes all utilities except electric. Adults preferred, no pets. Call 595-0700. LIVONIA, brick ranch near Middlebelt, 3 bedrooms, 1 1/2 baths, finished basement, kitchen built-ins, immediate occupancy. Lease $450/mo. NORTHVILLE, 2 bedroom, carpeted, appliances, basement, garage, $375 plus security. 349-1100. FARMINGTON HILLS, newly decorated, 2 bedrooms, family room, fireplace, attached garage, 1 year lease, no pets. ROCHESTER, 3 bedroom colonial, central air, finished basement, patio, immediate occupancy, references required. SOUTHFIELD, 2 bedroom townhouse, 1 1/2 baths, full basement, carport, pool, $425 includes heat. Call after 5 pm. 353-0700. CANTON, 3 bedroom ranch, attached garage, fenced yard, near schools, $450 per month plus security. 981-4460. PLYMOUTH, charming older home in town, 2 bedrooms, appliances, basement, garage, $395 plus utilities. 453-1200. WESTLAND, 1 & 2 bedroom apartments, heat included, carpeted, air, pool, tennis, from $290. GARDEN CITY, large 3 bedroom brick, 1 1/2 baths, finished basement, 2 car garage, $475, security deposit required. 425-4115.
422 Wanted To Rent
brick ranch near Middlebelt, 3 bedrooms, 1 1/2 baths, finished basement, kitchen built-ins, immediate occupancy. Lease $450/mo. NORTHVILLE, 2 bedroom, carpeted, appliances, basement, garage, $375 plus security. 349-1100. FARMINGTON HILLS, newly decorated, 2 bedrooms, family room, fireplace, attached garage, 1 year lease, no pets. ROCHESTER, 3 bedroom colonial, central air, finished basement, patio, immediate occupancy, references required. SOUTHFIELD, 2 bedroom townhouse, 1 1/2 baths, full basement, carport, pool, $425 includes heat. Call after 5 pm. 353-0700. CANTON, 3 bedroom ranch, attached garage, fenced yard, near schools, $450 per month plus security. 981-4460. PLYMOUTH, charming older home in town, 2 bedrooms, appliances, basement, garage, $395 plus utilities. 453-1200. WESTLAND, 1 & 2 bedroom apartments, heat included, carpeted, air, pool, tennis, from $290. GARDEN CITY, large 3
LIVONIA FOR LEASE RETAIL STORE
422-2321
Call 642-5220. WAYNE, 1 bedroom apartment, carpeted, air conditioned, swimming pool, $310 a month includes all utilities except electric. Adults preferred, no pets. Call 595-0700. LIVONIA, brick ranch near Middlebelt, 3 bedrooms, 1 1/2 baths, finished basement, kitchen built-ins, immediate occupancy. Lease $450/mo. NORTHVILLE, 2 bedroom, carpeted, appliances, basement, garage, $375 plus security. 349-1100. FARMINGTON HILLS, newly decorated, 2 bedrooms, family room, fireplace, attached garage, 1 year lease, no pets. ROCHESTER, 3 bedroom colonial, central air, finished basement, patio, immediate occupancy, references required. SOUTHFIELD, 2 bedroom townhouse, 1 1/2 baths, full basement, carport, pool, $425 includes heat. Call after 5 pm. 353-0700. CANTON, 3 bedroom ranch, attached garage, fenced yard, near schools, $450 per month plus security. 981-4460. PLYMOUTH, charming older home in to
BIRMINGHAM
Large 3 room deluxe office suites, completely finished. Available now.
Tisdale & Co. 626-8220
ebelt, 3 bedrooms, 1 1/2 baths, finished basement, kitchen built-ins, immediate occupancy. Lease $450/mo. NORTHVILLE, 2 bedroom, carpeted, appliances, basement, garage, $375 plus security. 349-1100. FARMINGTON HILLS, newly decorated, 2 bedrooms, family room, fireplace, attached garage, 1 year lease, no pets. ROCHESTER, 3 bedroom colonial, central air, finished basement, patio, immediate occupancy, references required. SOUTHFIELD, 2 bedroom townhouse, 1 1/2 baths, full basement, carport, pool, $425 includes heat. Call after 5 pm. 353-0700. CANTON, 3 bedroom ranch, attached garage, fenced yard, near schools, $450 per month plus security. 981-4460. PLYMOUTH, charming older home in town, 2 bedrooms, appliances, basement, garage, $395 plus utilities. 453-1200. WESTLAND, 1 & 2 bedroom apartments, heat included, carpeted, air, pool, tennis, from $290. GARDEN CITY, large 3 bedroom brick, 1 1/2 b
BOCA RATON
1 bedroom apartment, carpeted, air conditioned, swimming pool, $310 a month includes all utilities except electric. Adults preferred, no pets. Call 595-0700. LIVONIA, brick ranch near Middlebelt, 3 bedrooms, 1 1/2 baths, finished basement, kitchen built-ins, immediate occupancy. Lease $450/mo. NORTHVILLE, 2 bedroom, carpeted, appliances, basement, garage, $375 plus security. 349-1100. FARMINGTON HILLS, newly decorated, 2 bedrooms, family room, fireplace, attached garage, 1 year lease, no pets. ROCHESTER, 3 bedroom colonial, central air, finished basement, patio, immediate occupancy, references required. SOUTHFIELD, 2 bedroom townhouse, 1 1/2 baths, full basement, carport, pool, $425 includes heat. Call after 5 pm. 353-0700. CANTON, 3 bedroom ranch, attached garage, fenced yard, near schools, $450 per month plus security. 981-4460. PLYMOUTH, charming older home in town, 2 bedrooms, applia
Commercial Space
557-6116
/2 baths, finished basement, kitchen built-ins, immediate occupancy. Lease $450/mo. NORTHVILLE, 2 bedroom, carpeted, appliances, basement, garage, $375 plus security. 349-1100. FARMINGTON HILLS, newly decorated, 2 bedrooms, family room, fireplace, attached garage, 1 year lease, no pets. ROCHESTER, 3 bedroom colonial, central air, finished basement, patio, immediate occupancy, references required. SOUTHFIELD, 2 bedroom townhouse, 1 1/2 baths, full basement, carport, pool, $425 includes heat. Call after 5 pm. 353-0700. CANTON, 3 bedroom ranch, attached garage, fenced yard, near schools, $450 per month plus security. 981-4460. PLYMOUTH, charming older home in town, 2 bedrooms, appliances, basement, garage, $395 plus utilities. 453-1200. WESTLAND, 1 & 2 bedroom apartments, heat included, carpeted, air, pool, tennis, from $290. GARDEN CITY, large 3 bedroom brick, 1 1/2 baths, finished basemen
DOCTOR
BIRMINGHAM, 3 bedroom, 2 baths, fireplace, appliances, 1 car garage. Convenient location. Call 642-5220. WAYNE, 1 bedroom apartment, carpeted, air conditioned, swimming pool, $310 a month includes all utilities except electric. Adults preferred, no pets. Call 595-0700. LIVONIA, brick ranch near Middlebelt, 3 bedrooms, 1 1/2 baths, finished basement, kitchen built-ins, immediate occupancy. Lease $450/mo. NORTHVILLE, 2 bedroom, carpeted, appliances, basement, garage, $375 plus security. 349-1100. FARMINGTON HILLS, newly decorated, 2 bedrooms, family room, fireplace, attached garage, 1 year lease, no pets. ROCHESTER, 3 bedroom colonial, central air, finished basement, patio, immediate occupancy, references required. SOUTHFIELD, 2 bedroom townhouse, 1 1/2 baths, full basement, carport, pool, $425 includes heat. Call after 5 pm. 353-0700. CANTON, 3 bedroom ranch, attached garage, fenced yard, near schools, $450 per month plus security. 981-4460. PLYMOUTH, charming older home in town, 2 bedrooms, appliances, basement, garage, $395 plus utilities. 453-1200. WESTLAND, 1 & 2 bedroom apartments, heat included, carpeted, air, pool, tennis, from $290. GARDEN CITY, large 3 bedroom brick, 1 1/2
424 House Sitting Service
BIRMINGHAM, 3 bedroom, 2 baths, fireplace, appliances, 1 car garage. Convenient location. Call 642-5220. WAYNE, 1 bedroom apartment, carpeted, air conditioned, swimming pool, $310 a month includes all utilities except electric. Adults preferred, no pets. Call 595-0700. LIVONIA, brick ranch near Middlebelt, 3 bedrooms, 1 1/2 baths, finished basement, kitchen built-ins, immediate occupancy. Lease $450/mo. NORTHVILLE, 2 bedroom, carpeted, appliances, basement, garage, $375 plus security. 349-1100. FARMINGTON HILLS, newly decorated, 2 bedrooms, family room, fireplace, attached garage, 1 year lease, no pets. ROCHESTER, 3 bedroom colonial, central air, finished basement, patio, immediate occupancy, references required. SOUTHFIELD, 2 bedroom townhouse, 1 1/2 baths, full basement, carport, pool, $425 includes heat. Call after 5 pm. 353-0700. CANTON, 3 bedroom ranch, attached garage, fenced yard, near schools, $450 per month plus security. 981-4460. PLYMOUTH, charming older home in town, 2 bedrooms, appliances, basement, garage, $395 plus utilities. 453-1200. WESTLAND, 1 & 2 bedroom apartments, heat included, carpeted, air, pool, tennis, from $290. GARDEN CITY, large 3 bedroom brick, 1 1/2 baths, finished basement, 2 car garage, $475, security deposit required. 425-4115.
BIRMINGHAM, 3 bedroom, 2 baths, fireplace, appliances, 1 car garage. Convenient location. Call 642-5220. WAYNE, 1 bedroom apartment, carpeted, air conditioned, swimming pool, $310 a month includes all utilities except electric. Adults preferred, no pets. Call 595-0700. LIVONIA, brick ranch near Middlebelt, 3 bedrooms, 1 1/2 baths, finished basement, kitchen built-ins, immediate occupancy. Lease $450/mo. NORTHVILLE, 2 bedroom, carpeted, appliances, basement, garage, $375 plus security. 349-1100. FARMINGTON HILLS, newly decorated, 2 bedrooms, family room, fireplace, attached garage, 1 year lease, no pets. ROCHESTER, 3 bedroom colonial, central air, finished basement, patio, immediate occupancy, references required. SOUTHFIELD, 2 bedroom townhouse, 1 1/2 baths, full basement, carport, pool, $425 includes heat. Call after 5 pm. 353-0700. CANTON, 3 bedroom ranch, attached garage, fenced yard, near schools, $450 per month plus security. 981-4460. PLYMOUTH, charming older home in town, 2 bedrooms, appliances, basement, garage, $395 plus utilities. 453-1200. WESTLAND, 1 & 2 bedroom apartments, heat included, carpeted, air, pool, tennis, from $290. GARDEN CITY, large 3 bedroom brick, 1 1/2 baths, finished basement, 2 car garage, $475, security deposit required. 425-4115.
BIRMINGHAM, 3 bedroom, 2 baths, fireplace, appliances, 1 car garage. Convenient location. Call 642-5220. WAYNE, 1 bedroom apartment, carpeted, air conditioned, swimming pool, $310 a month includes all utilities except electric. Adults preferred, no pets. Call 595-0700. LIVONIA, brick ranch near Middlebelt, 3 bedrooms, 1 1/2 baths, finished basement, kitchen built-ins, immediate occupancy. Lease $450/mo. NORTHVILLE, 2 bedroom, carpeted, appliances, basement, garage, $375 plus security. 349-1100. FARMINGTON HILLS, newly decorated, 2 bedrooms, family room, fireplace, attached garage, 1 year lease, no pets. ROCHESTER, 3 bedroom colonial, central air, finished basement, patio, immediate occupancy, references required. SOUTHFIELD, 2 bedroom townhouse, 1 1/2 baths, full basement, carport, pool, $425 includes heat. Call after 5 pm. 353-0700. CANTON, 3 bedroom ranch, attached garage, fenced yard, near schools, $450 per month plus security. 981-4460. PLYMOUTH, charming older home in town, 2 bedrooms, appliances, basement, garage, $395 plus utilities. 453-1200. WESTLAND, 1 & 2 bedroom apartments, heat included, carpeted, air, pool, tennis, from $290. GARDEN CITY, large 3 bedroom brick, 1 1/2 baths, finished basement, 2 car garage, $475, security deposit required. 425-4115.
BIRMINGHAM, 3 bedroom, 2 baths, fireplace, appliances, 1 car garage. Convenient location. Call 642-5220. WAYNE, 1 bedroom apartment, carpeted, air conditioned, swimming pool, $310 a month includes all utilities except electric. Adults preferred, no pets. Call 595-0700. LIVONIA, brick ranch near Middlebelt, 3 bedrooms, 1 1/2 baths, finished basement, kitchen built-ins, immediate occupancy. Lease $450/mo. NORTHVILLE, 2 bedroom, carpeted, appliances, basement, garage, $375 plus security. 349-1100. FARMINGTON HILLS, newly decorated, 2 bedrooms, family room, fireplace, attached garage, 1 year lease, no pets. ROCHESTER, 3 bedroom colonial, central air, finished basement, patio, immediate occupancy, references required. SOUTHFIELD, 2 bedroom townhouse, 1 1/2 baths, full basement, carport, pool, $425 includes heat. Call after 5 pm. 353-0700. CANTON, 3 bedroom ranch, attached garage, fenced yard, near schools, $450 per month plus security. 981-4460. PLYMOUTH, charming older home in town, 2 bedrooms, appliances, basement, garage, $395 plus utilities. 453-1200. WESTLAND, 1 & 2 bedroom apartments, heat included, carpeted, air, pool, tennis, from $290. GARDEN CITY, large 3 bedroom brick, 1 1/2 baths, finished basement, 2 car garage, $475, security deposit required. 425-4115.
BIRMINGHAM, 3 bedroom, 2 baths, fireplace, appliances, 1 car garage. Convenient location. Call 642-5220. WAYNE, 1 bedroom apartment, carpeted, air conditioned, swimming pool, $310 a month includes all utilities except electric. Adults preferred, no pets. Call 595-0700. LIVONIA, brick ranch near Middlebelt, 3 bedrooms, 1 1/2 baths, finished basement, kitchen built-ins, immediate occupancy. Lease $450/mo. NORTHVILLE, 2 bedroom, carpeted, appliances, basement, garage, $375 plus security. 349-1100. FARMINGTON HILLS, newly decorated, 2 bedrooms, family room, fireplace, attached garage, 1 year lease, no pets. ROCHESTER, 3 bedroom colonial, central air, finished basement, patio, immediate occupancy, references required. SOUTHFIELD, 2 bedroom townhouse, 1 1/2 baths, full basement, carport, pool, $425 includes heat. Call after 5 pm. 353-0700. CANTON, 3 bedroom ranch, attached garage, fenced yard, near schools, $450 per month plus security. 981-4460. PLYMOUTH, charming older home in town, 2 bedrooms, appliances, basement, garage, $395 plus utilities. 453-1200. WESTLAND, 1 & 2 bedroom apartments, heat included, carpeted, air, pool, tennis, from $290. GARDEN CITY, large 3 bedroom brick, 1 1/2 baths, finished basement, 2 car garage, $475, security deposit required. 425-4115.
BIRMINGHAM, 3 bedroom, 2 baths, fireplace, appliances, 1 car garage. Convenient location. Call 642-5220. WAYNE, 1 bedroom apartment, carpeted, air conditioned, swimming pool, $310 a month includes all utilities except electric. Adults preferred, no pets. Call 595-0700. LIVONIA, brick ranch near Middlebelt, 3 bedrooms, 1 1/2 baths, finished basement, kitchen built-ins, immediate occupancy. Lease $450/mo. NORTHVILLE, 2 bedroom, carpeted, appliances, basement, garage, $375 plus security. 349-1100. FARMINGTON HILLS, newly decorated, 2 bedrooms, family room, fireplace, attached garage, 1 year lease, no pets. ROCHESTER, 3 bedroom colonial, central air, finished basement, patio, immediate occupancy, references required. SOUTHFIELD, 2 bedroom townhouse, 1 1/2 baths, full basement, carport, pool, $425 includes heat. Call after 5 pm. 353-0700. CANTON, 3 bedroom ranch, attached garage, fenced yard, near schools, $450 per month plus security. 981-4460. PLYMOUTH, charming older home in town, 2 bedrooms, appliances, basement, garage, $395 plus utilities. 453-1200. WESTLAND, 1 & 2 bedroom apartments, heat included, carpeted, air, pool, tennis, from $290. GARDEN CITY, large 3 bedroom brick, 1 1/2 baths, finished basement, 2 car garage, $475, security deposit required. 425-4115.
436 Office & Business Space For Rent
iate occupancy. Lease $450/mo. NORTHVILLE, 2 bedroom, carpeted, appliances, basement, garage, $375 plus security. 349-1100. FARMINGTON HILLS, newly decorated, 2 bedrooms, family room, fireplace, attached garage, 1 year lease, no pets. ROCHESTER, 3 bedroom colonial, central air, finished basement, patio, immediate occupancy, references required. SOUTHFIELD, 2 bedroom townhouse, 1 1/2 baths, full basement, carport, pool, $425 includes heat. Call after 5 pm. 353-0700. CANTON, 3 bedroom ranch, attached garage, fenced yard, near schools, $450 per month plus security. 981-4460. PLYMOUTH, charming older home in town, 2 bedrooms, appliances, basement, garage, $395 plus utilities. 453-1200. WESTLAND, 1 & 2 bedroom apartments, heat included, carpeted, air, pool, tennis, from $290. GARDEN CITY, large 3 bedroom brick, 1 1/2 baths, finished basement, 2 car garage, $475, security deposit required. 425
LIVONIA
Deluxe suites available from 2 rooms, all services included. Excellent location.
Tisdale & Co. 626-8220
includes all utilities except electric. Adults preferred, no pets. Call 595-0700. LIVONIA, brick ranch near Middlebelt, 3 bedrooms, 1 1/2 baths, finished basement, kitchen built-ins, immediate occupancy. Lease $450/mo. NORTHVILLE, 2 bedroom, carpeted, appliances, basement, garage, $375 plus security. 349-1100. FARMINGTON HILLS, newly decorated, 2 bedrooms, family room, fireplace, attached garage, 1 year lease, no pets. ROCHESTER, 3 bedroom colonial, central air, finished basement, patio, immediate occupancy, references required. SOUTHFIELD, 2 bedroom townhouse, 1 1/2 baths, full basement, carport, pool, $425 includes heat. Call after 5 pm. 353-0700. CANTON, 3 bedroom ranch, attached garage, fenced yard, near schools, $450 per month plus security. 981-4460. PLYMOUTH, charming older home in town, 2 bedrooms, appliances, basement, garage, $395 plus utilities. 453-1200. WESTLAND, 1 & 2 bedr
MAPLE-ORCHARD
2 & 3 room suites, completely finished. Available soon.
Tisdale & Co. 626-8220
$450/mo. NORTHVILLE, 2 bedroom, carpeted, appliances, basement, garage, $375 plus security. 349-1100. FARMINGTON HILLS, newly decorated, 2 bedrooms, family room, fireplace, attached garage, 1 year lease, no pets. ROCHESTER, 3 bedroom colonial, central air, finished basement, patio, immediate occupancy, references required. SOUTHFIELD, 2 bedroom townhouse, 1 1/2 baths, full basement, carport, pool, $425 includes heat. Call after 5 pm. 353-0700. CANTON, 3 bedroom ranch, attached garage, fenced yard, near schools, $450 per month plus security. 981-4460. PLYMOUTH, charming older home in town, 2 bedrooms, appliances, basement, garage, $395 plus utilities. 453-1200. WESTLAND, 1 & 2 bedroom apartments, heat included, carpeted, air, pool, tennis, from $290. GARDEN CITY, large 3 bedroom brick, 1 1/2 baths, finished basement, 2 car garage, $475, security deposit required. 425-4115.
MEDICAL SUITES FOR LEASE
s except electric. Adults preferred, no pets. Call 595-0700. LIVONIA, brick ranch near Middlebelt, 3 bedrooms, 1 1/2 baths, finished basement, kitchen built-ins, immediate occupancy. Lease $450/mo. NORTHVILLE, 2 bedroom, carpeted, appliances, basement, garage, $375 plus security. 349-1100. FARMINGTON HILLS, newly decorated, 2 bedrooms, family room, fireplace, attached garage, 1 year lease, no pets. ROCHESTER, 3 bedroom colonial, central air, finished basement, patio, immediate occupancy, references required. SOUTHFIELD, 2 bedroom townhouse, 1 1/2 baths, full basement, carport, pool, $425 includes heat. Call after 5 pm. 353-0700. CANTON, 3 bedroom ranch, attached garage, fenced yard, near schools, $450 per month plus security. 981-4460. PLYMOUTH, charming older home in town, 2 bedrooms, appliances, basement, garage, $395 plus utilities. 453-1200. WESTLAND, 1 & 2 bedroom apartments, heat i
MEDICAL
WEST BLOOMFIELD
Tisdale & Co. 626-8220
m, 2 baths, fireplace, appliances, 1 car garage. Convenient location. Call 642-5220. WAYNE, 1 bedroom apartment, carpeted, air conditioned, swimming pool, $310 a month includes all utilities except electric. Adults preferred, no pets. Call 595-0700. LIVONIA, brick ranch near Middlebelt, 3 bedrooms, 1 1/2 baths, finished basement, kitchen built-ins, immediate occupancy. Lease $450/mo. NORTHVILLE, 2 bedroom, carpeted, appliances, basement, garage, $375 plus security. 349-1100. FARMINGTON HILLS, newly decorated, 2 bedrooms, family room, fireplace, attached garage, 1 year lease, no pets. ROCHESTER, 3 bedroom colonial, central air, finished basement, patio, immediate occupancy, references required. SOUTHFIELD, 2 bedroom townhouse, 1 1/2 baths, full basement, carport, pool, $425 includes heat. Call after 5 pm. 353-0700. CANTON, 3 bedroom ranch, attached garage, fenced yard, near schools, $450
PRIVATE OFFICES
Executive Group, Inc.
lts preferred, no pets. Call 595-0700. LIVONIA, brick ranch near Middlebelt, 3 bedrooms, 1 1/2 baths, finished basement, kitchen built-ins, immediate occupancy. Lease $450/mo. NORTHVILLE, 2 bedroom, carpeted, appliances, basement, garage, $375 plus security. 349-1100. FARMINGTON HILLS, newly decorated, 2 bedrooms, family room, fireplace, attached garage, 1 year lease, no pets. ROCHESTER, 3 bedroom colonial, central air, finished basement, patio, immediate occupancy, references required. SOUTHFIELD, 2 bedroom townhouse, 1 1/2 baths, full basement, carport, pool, $425 includes heat. Call after 5 pm. 353-0700. CANTON, 3 bedroom ranch, attached garage, fenced yard, near schools, $450 per month plus security. 981-4460. PLYMOUTH, charming older home in town, 2 bedrooms, appliances, basement, garage, $395 plus utilities. 453-1200. WESTLAND, 1 & 2 bedroom apartments, heat included, carpeted, air
ROCHESTER
Tisdale & Co. 626-8220
appliances, 1 car garage. Convenient location. Call 642-5220. WAYNE, 1 bedroom apartment, carpeted, air conditioned, swimming pool, $310 a month includes all utilities except electric. Adults preferred, no pets. Call 595-0700. LIVONIA, brick ranch near Middlebelt, 3 bedrooms, 1 1/2 baths, finished basement, kitchen built-ins, immediate occupancy. Lease $450/mo. NORTHVILLE, 2 bedroom, carpeted, appliances, basement, garage, $375 plus security. 349-1100. FARMINGTON HILLS, newly decorated, 2 bedrooms, family room, fireplace, attached garage, 1 year lease, no pets. ROCHESTER, 3 bedroom colonial, central air, finished basement, patio, immediate occupancy, references required. SOUTHFIELD, 2 bedroom townhouse, 1 1/2 baths, full basement, carport, pool, $425 includes heat. Call after 5 pm. 353-0700. CANTON, 3 bedroom ranch, attached garage, fenced yard, near schools, $450 per month plus securit
SOUTHFIELD
Tisdale & Co. 626-8220
. Call 595-0700. LIVONIA, brick ranch near Middlebelt, 3 bedrooms, 1 1/2 baths, finished basement, kitchen built-ins, immediate occupancy. Lease $450/mo. NORTHVILLE, 2 bedroom, carpeted, appliances, basement, garage, $375 plus security. 349-1100. FARMINGTON HILLS, newly decorated, 2 bedrooms, family room, fireplace, attached garage, 1 year lease, no pets. ROCHESTER, 3 bedroom colonial, central air, finished basement, patio, immediate occupancy, references required. SOUTHFIELD, 2 bedroom townhouse, 1 1/2 baths, full basement, carport, pool, $425 includes heat. Call after 5 pm. 353-0700. CANTON, 3 bedroom ranch, attached garage, fenced yard, near schools, $450 per month plus security. 981-4460. PLYMOUTH, charming older home in town, 2 bedrooms, appliances, basement, garage, $395 plus utilities. 453-1200. WESTLAND, 1 & 2 bedroom apartments, heat included, carpeted, air, pool, tennis, from $
TELEGRAPH SOUTHFIELD
BIRMINGHAM, 3 bedroom, 2 baths, fireplace, appliances, 1 car garage. Convenient location. Call 642-5220. WAYNE, 1 bedroom apartment, carpeted, air conditioned, swimming pool, $310 a month includes all utilities except electric. Adults preferred, no pets. Call 595-0700. LIVONIA, brick ranch near Middlebelt, 3 bedrooms, 1 1/2 baths, finished basement, kitchen built-ins, immediate occupancy. Lease $450/mo. NORTHVILLE, 2 bedroom, carpeted, appliances, basement, garage, $375 plus security. 349-1100. FARMINGTON HILLS, newly decorated, 2 bedrooms, family room, fireplace, attached garage, 1 year lease, no pets. ROCHESTER, 3 bedroom colonial, central air, finished basement, patio, immediate occupancy, references required. SOUTHFIELD, 2 bedroom townhouse, 1 1/2 baths, full basement, carport, pool, $425 includes heat. Call after 5 pm. 353-0700. CANTON, 3 bedroom ranch, attached garage, fenced yard, near schools, $450 per month plus security. 981-4460. PLYMOUTH, charming older home in town, 2 bedrooms, appliances, basement, garage, $395 plus utilities. 453-1200. WESTLAND, 1 & 2 bedroom apartments, heat included, carpeted, air, pool, tennis, from $290. GARDEN CITY, large 3 bedroom brick, 1 1/2 baths, finished basement, 2 car garage, $475, security deposit required. 425-4115.
BIRMINGHAM, 3 bedroom, 2 baths, fireplace, appliances, 1 car garage. Convenient location. Call 642-5220. WAYNE, 1 bedroom apartment, carpeted, air conditioned, swimming pool, $310 a month includes all utilities except electric. Adults preferred, no pets. Call 595-0700. LIVONIA, brick ranch near Middlebelt, 3 bedrooms, 1 1/2 baths, finished basement, kitchen built-ins, immediate occupancy. Lease $450/mo. NORTHVILLE, 2 bedroom, carpeted, appliances, basement, garage, $375 plus security. 349-1100. FARMINGTON HILLS, newly decorated, 2 bedrooms, family room, fireplace, attached garage, 1 year lease, no pets. ROCHESTER, 3 bedroom colonial, central air, finished basement, patio, immediate occupancy, references required. SOUTHFIELD, 2 bedroom townhouse, 1 1/2 baths, full basement, carport, pool, $425 includes heat. Call after 5 pm. 353-0700. CANTON, 3 bedroom ranch, attached garage, fenced yard, near schools, $450 per month plus security. 981-4460. PLYMOUTH, charming older home in town, 2 bedrooms, appliances, basement, garage, $395 plus utilities. 453-1200. WESTLAND, 1 & 2 bedroom apartments, heat included, carpeted, air, pool, tennis, from $290. GARDEN CITY, large 3 bedroom brick, 1 1/2 baths, finished basement, 2 car garage, $475, security deposit required. 425-4115.
BIRMINGHAM, 3 bedroom, 2 baths, fireplace, appliances, 1 car garage. Convenient location. Call 642-5220. WAYNE, 1 bedroom apartment, carpeted, air conditioned, swimming pool, $310 a month includes all utilities except electric. Adults preferred, no pets. Call 595-0700. LIVONIA, brick ranch near Middlebelt, 3 bedrooms, 1 1/2 baths, finished basement, kitchen built-ins, immediate occupancy. Lease $450/mo. NORTHVILLE, 2 bedroom, carpeted, appliances, basement, garage, $375 plus security. 349-1100. FARMINGTON HILLS, newly decorated, 2 bedrooms, family room, fireplace, attached garage, 1 year lease, no pets. ROCHESTER, 3 bedroom colonial, central air, finished basement, patio, immediate occupancy, references required. SOUTHFIELD, 2 bedroom townhouse, 1 1/2 baths, full basement, carport, pool, $425 includes heat. Call after 5 pm. 353-0700. CANTON, 3 bedroom ranch, attached garage, fenced yard, near schools, $450 per month plus security. 981-4460. PLYMOUTH, charming older home in town, 2 bedrooms, appliances, basement, garage, $395 plus utilities. 453-1200. WESTLAND, 1 & 2 bedroom apartments, heat included, carpeted, air, pool, tennis, from $290. GARDEN CITY, large 3 bedroom brick, 1 1/2 baths, finished basement, 2 car garage, $475, security deposit required. 425-4115.
BIRMINGHAM, 3 bedroom, 2 baths, fireplace, appliances, 1 car garage. Convenient location. Call 642-5220. WAYNE, 1 bedroom apartment, carpeted, air conditioned, swimming pool, $310 a month includes all utilities except electric. Adults preferred, no pets. Call 595-0700. LIVONIA, brick ranch near Middlebelt, 3 bedrooms, 1 1/2 baths, finished basement, kitchen built-ins, immediate occupancy. Lease $450/mo. NORTHVILLE, 2 bedroom, carpeted, appliances, basement, garage, $375 plus security. 349-1100. FARMINGTON HILLS, newly decorated, 2 bedrooms, family room, fireplace, attached garage, 1 year lease, no pets. ROCHESTER, 3 bedroom colonial, central air, finished basement, patio, immediate occupancy, references required. SOUTHFIELD, 2 bedroom townhouse, 1 1/2 baths, full basement, carport, pool, $425 includes heat. Call after 5 pm. 353-0700. CANTON, 3 bedroom ranch, attached garage, fenced yard, near schools, $450 per month plus security. 981-4460. PLYMOUTH, charming older home in town, 2 bedrooms, appliances, basement, garage, $395 plus utilities. 453-1200. WESTLAND, 1 & 2 bedroom apartments, heat included, carpeted, air, pool, tennis, from $290. GARDEN CITY, large 3 bedroom brick, 1 1/2 baths, finished basement, 2 car garage, $475, security deposit required. 425-4115.
BIRMINGHAM, 3 bedroom, 2 baths, fireplace, appliances, 1 car garage. Convenient location. Call 642-5220. WAYNE, 1 bedroom apartment, carpeted, air conditioned, swimming pool, $310 a month includes all utilities except electric. Adults preferred, no pets. Call 595-0700. LIVONIA, brick ranch near Middlebelt, 3 bedrooms, 1 1/2 baths, finished basement, kitchen built-ins, immediate occupancy. Lease $450/mo. NORTHVILLE, 2 bedroom, carpeted, appliances, basement, garage, $375 plus security. 349-1100. FARMINGTON HILLS, newly decorated, 2 bedrooms, family room, fireplace, attached garage, 1 year lease, no pets. ROCHESTER, 3 bedroom colonial, central air, finished basement, patio, immediate occupancy, references required. SOUTHFIELD, 2 bedroom townhouse, 1 1/2 baths, full basement, carport, pool, $425 includes heat. Call after 5 pm. 353-0700. CANTON, 3 bedroom ranch, attached garage, fenced yard, near schools, $450 per month plus security. 981-4460. PLYMOUTH, charming older home in town, 2 bedrooms, appliances, basement, garage, $395 plus utilities. 453-1200. WESTLAND, 1 & 2 bedroom apartments, heat included, carpeted, air, pool, tennis, from $290. GARDEN CITY, large 3 bedroom brick, 1 1/2 baths, finished basement, 2 car garage, $475, security deposit required. 425-4115.
BIRMINGHAM, 3 bedroom, 2 baths, fireplace, appliances, 1 car garage. Convenient location. Call 642-5220. WAYNE, 1 bedroom apartment, carpeted, air conditioned, swimming pool, $310 a month includes all utilities except electric. Adults preferred, no pets. Call 595-0700. LIVONIA, brick ranch near Middlebelt, 3 bedrooms, 1 1/2 baths, finished basement, kitchen built-ins, immediate occupancy. Lease $450/mo. NORTHVILLE, 2 bedroom, carpeted, appliances, basement, garage, $375 plus security. 349-1100. FARMINGTON HILLS, newly decorated, 2 bedrooms, family room, fireplace, attached garage, 1 year lease, no pets. ROCHESTER, 3 bedroom colonial, central air, finished basement, patio, immediate occupancy, references required. SOUTHFIELD, 2 bedroom townhouse, 1 1/2 baths, full basement, carport, pool, $425 includes heat. Call after 5 pm. 353-0700. CANTON, 3 bedroom ranch, attached garage, fenced yard, near schools, $450 per month plus security. 981-4460. PLYMOUTH, charming older home in town, 2 bedrooms, appliances, basement, garage, $395 plus utilities. 453-1200. WESTLAND, 1 & 2 bedroom apartments, heat included, carpeted, air, pool, tennis, from $290. GARDEN CITY, large 3 bedroom brick, 1 1/2 baths, finished basement, 2 car garage, $475, security deposit required. 425-4115.
